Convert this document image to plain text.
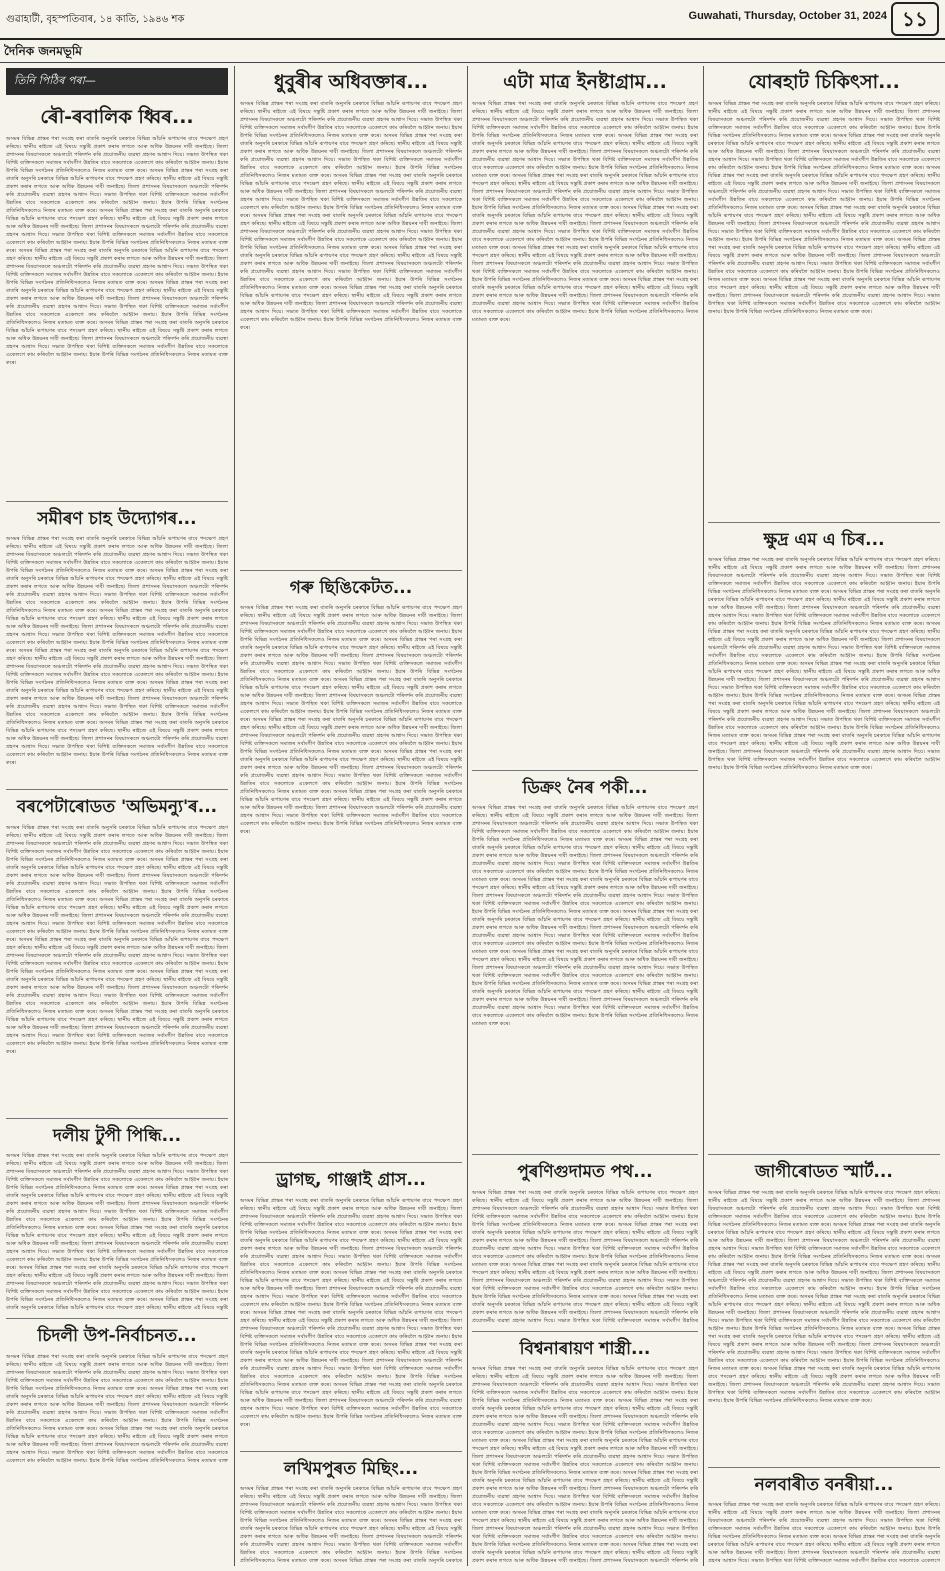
গুৱাহাটী, বৃহস্পতিবাৰ, ১৪ কাতি, ১৯৪৬ শক	Guwahati, Thursday, October 31, 2024 ১১
দৈনিক জনমভূমি
তিনি পিঠিৰ পৰা—
ৰৌ-ৰবালিক ধ্বিৰ...
অসমৰ বিভিন্ন প্ৰান্তৰ পৰা সংগ্ৰহ কৰা বাতৰি অনুসৰি চৰকাৰে বিভিন্ন আঁচনি ৰূপায়ণৰ বাবে পদক্ষেপ গ্ৰহণ কৰিছে। স্থানীয় ৰাইজে এই বিষয়ে সন্তুষ্টি প্ৰকাশ কৰাৰ লগতে আৰু অধিক উন্নয়নৰ দাবী জনাইছে। জিলা প্ৰশাসনৰ বিষয়াসকলে অঞ্চলটো পৰিদৰ্শন কৰি প্ৰয়োজনীয় ব্যৱস্থা গ্ৰহণৰ আশ্বাস দিয়ে। সভাত উপস্থিত থকা বিশিষ্ট ব্যক্তিসকলে সমাজৰ সৰ্বাংগীণ উন্নতিৰ বাবে সকলোকে একেলগে কাম কৰিবলৈ আহ্বান জনায়। ইয়াৰ উপৰি বিভিন্ন সংগঠনৰ প্ৰতিনিধিসকলেও নিজৰ মতামত ব্যক্ত কৰে। অসমৰ বিভিন্ন প্ৰান্তৰ পৰা সংগ্ৰহ কৰা বাতৰি অনুসৰি চৰকাৰে বিভিন্ন আঁচনি ৰূপায়ণৰ বাবে পদক্ষেপ গ্ৰহণ কৰিছে। স্থানীয় ৰাইজে এই বিষয়ে সন্তুষ্টি প্ৰকাশ কৰাৰ লগতে আৰু অধিক উন্নয়নৰ দাবী জনাইছে। জিলা প্ৰশাসনৰ বিষয়াসকলে অঞ্চলটো পৰিদৰ্শন কৰি প্ৰয়োজনীয় ব্যৱস্থা গ্ৰহণৰ আশ্বাস দিয়ে। সভাত উপস্থিত থকা বিশিষ্ট ব্যক্তিসকলে সমাজৰ সৰ্বাংগীণ উন্নতিৰ বাবে সকলোকে একেলগে কাম কৰিবলৈ আহ্বান জনায়। ইয়াৰ উপৰি বিভিন্ন সংগঠনৰ প্ৰতিনিধিসকলেও নিজৰ মতামত ব্যক্ত কৰে। অসমৰ বিভিন্ন প্ৰান্তৰ পৰা সংগ্ৰহ কৰা বাতৰি অনুসৰি চৰকাৰে বিভিন্ন আঁচনি ৰূপায়ণৰ বাবে পদক্ষেপ গ্ৰহণ কৰিছে। স্থানীয় ৰাইজে এই বিষয়ে সন্তুষ্টি প্ৰকাশ কৰাৰ লগতে আৰু অধিক উন্নয়নৰ দাবী জনাইছে। জিলা প্ৰশাসনৰ বিষয়াসকলে অঞ্চলটো পৰিদৰ্শন কৰি প্ৰয়োজনীয় ব্যৱস্থা গ্ৰহণৰ আশ্বাস দিয়ে। সভাত উপস্থিত থকা বিশিষ্ট ব্যক্তিসকলে সমাজৰ সৰ্বাংগীণ উন্নতিৰ বাবে সকলোকে একেলগে কাম কৰিবলৈ আহ্বান জনায়। ইয়াৰ উপৰি বিভিন্ন সংগঠনৰ প্ৰতিনিধিসকলেও নিজৰ মতামত ব্যক্ত কৰে। অসমৰ বিভিন্ন প্ৰান্তৰ পৰা সংগ্ৰহ কৰা বাতৰি অনুসৰি চৰকাৰে বিভিন্ন আঁচনি ৰূপায়ণৰ বাবে পদক্ষেপ গ্ৰহণ কৰিছে। স্থানীয় ৰাইজে এই বিষয়ে সন্তুষ্টি প্ৰকাশ কৰাৰ লগতে আৰু অধিক উন্নয়নৰ দাবী জনাইছে। জিলা প্ৰশাসনৰ বিষয়াসকলে অঞ্চলটো পৰিদৰ্শন কৰি প্ৰয়োজনীয় ব্যৱস্থা গ্ৰহণৰ আশ্বাস দিয়ে। সভাত উপস্থিত থকা বিশিষ্ট ব্যক্তিসকলে সমাজৰ সৰ্বাংগীণ উন্নতিৰ বাবে সকলোকে একেলগে কাম কৰিবলৈ আহ্বান জনায়। ইয়াৰ উপৰি বিভিন্ন সংগঠনৰ প্ৰতিনিধিসকলেও নিজৰ মতামত ব্যক্ত কৰে। অসমৰ বিভিন্ন প্ৰান্তৰ পৰা সংগ্ৰহ কৰা বাতৰি অনুসৰি চৰকাৰে বিভিন্ন আঁচনি ৰূপায়ণৰ বাবে পদক্ষেপ গ্ৰহণ কৰিছে। স্থানীয় ৰাইজে এই বিষয়ে সন্তুষ্টি প্ৰকাশ কৰাৰ লগতে আৰু অধিক উন্নয়নৰ দাবী জনাইছে। জিলা প্ৰশাসনৰ বিষয়াসকলে অঞ্চলটো পৰিদৰ্শন কৰি প্ৰয়োজনীয় ব্যৱস্থা গ্ৰহণৰ আশ্বাস দিয়ে। সভাত উপস্থিত থকা বিশিষ্ট ব্যক্তিসকলে সমাজৰ সৰ্বাংগীণ উন্নতিৰ বাবে সকলোকে একেলগে কাম কৰিবলৈ আহ্বান জনায়। ইয়াৰ উপৰি বিভিন্ন সংগঠনৰ প্ৰতিনিধিসকলেও নিজৰ মতামত ব্যক্ত কৰে। অসমৰ বিভিন্ন প্ৰান্তৰ পৰা সংগ্ৰহ কৰা বাতৰি অনুসৰি চৰকাৰে বিভিন্ন আঁচনি ৰূপায়ণৰ বাবে পদক্ষেপ গ্ৰহণ কৰিছে। স্থানীয় ৰাইজে এই বিষয়ে সন্তুষ্টি প্ৰকাশ কৰাৰ লগতে আৰু অধিক উন্নয়নৰ দাবী জনাইছে। জিলা প্ৰশাসনৰ বিষয়াসকলে অঞ্চলটো পৰিদৰ্শন কৰি প্ৰয়োজনীয় ব্যৱস্থা গ্ৰহণৰ আশ্বাস দিয়ে। সভাত উপস্থিত থকা বিশিষ্ট ব্যক্তিসকলে সমাজৰ সৰ্বাংগীণ উন্নতিৰ বাবে সকলোকে একেলগে কাম কৰিবলৈ আহ্বান জনায়। ইয়াৰ উপৰি বিভিন্ন সংগঠনৰ প্ৰতিনিধিসকলেও নিজৰ মতামত ব্যক্ত কৰে।
সমীৰণ চাহ উদ্যোগৰ...
অসমৰ বিভিন্ন প্ৰান্তৰ পৰা সংগ্ৰহ কৰা বাতৰি অনুসৰি চৰকাৰে বিভিন্ন আঁচনি ৰূপায়ণৰ বাবে পদক্ষেপ গ্ৰহণ কৰিছে। স্থানীয় ৰাইজে এই বিষয়ে সন্তুষ্টি প্ৰকাশ কৰাৰ লগতে আৰু অধিক উন্নয়নৰ দাবী জনাইছে। জিলা প্ৰশাসনৰ বিষয়াসকলে অঞ্চলটো পৰিদৰ্শন কৰি প্ৰয়োজনীয় ব্যৱস্থা গ্ৰহণৰ আশ্বাস দিয়ে। সভাত উপস্থিত থকা বিশিষ্ট ব্যক্তিসকলে সমাজৰ সৰ্বাংগীণ উন্নতিৰ বাবে সকলোকে একেলগে কাম কৰিবলৈ আহ্বান জনায়। ইয়াৰ উপৰি বিভিন্ন সংগঠনৰ প্ৰতিনিধিসকলেও নিজৰ মতামত ব্যক্ত কৰে। অসমৰ বিভিন্ন প্ৰান্তৰ পৰা সংগ্ৰহ কৰা বাতৰি অনুসৰি চৰকাৰে বিভিন্ন আঁচনি ৰূপায়ণৰ বাবে পদক্ষেপ গ্ৰহণ কৰিছে। স্থানীয় ৰাইজে এই বিষয়ে সন্তুষ্টি প্ৰকাশ কৰাৰ লগতে আৰু অধিক উন্নয়নৰ দাবী জনাইছে। জিলা প্ৰশাসনৰ বিষয়াসকলে অঞ্চলটো পৰিদৰ্শন কৰি প্ৰয়োজনীয় ব্যৱস্থা গ্ৰহণৰ আশ্বাস দিয়ে। সভাত উপস্থিত থকা বিশিষ্ট ব্যক্তিসকলে সমাজৰ সৰ্বাংগীণ উন্নতিৰ বাবে সকলোকে একেলগে কাম কৰিবলৈ আহ্বান জনায়। ইয়াৰ উপৰি বিভিন্ন সংগঠনৰ প্ৰতিনিধিসকলেও নিজৰ মতামত ব্যক্ত কৰে। অসমৰ বিভিন্ন প্ৰান্তৰ পৰা সংগ্ৰহ কৰা বাতৰি অনুসৰি চৰকাৰে বিভিন্ন আঁচনি ৰূপায়ণৰ বাবে পদক্ষেপ গ্ৰহণ কৰিছে। স্থানীয় ৰাইজে এই বিষয়ে সন্তুষ্টি প্ৰকাশ কৰাৰ লগতে আৰু অধিক উন্নয়নৰ দাবী জনাইছে। জিলা প্ৰশাসনৰ বিষয়াসকলে অঞ্চলটো পৰিদৰ্শন কৰি প্ৰয়োজনীয় ব্যৱস্থা গ্ৰহণৰ আশ্বাস দিয়ে। সভাত উপস্থিত থকা বিশিষ্ট ব্যক্তিসকলে সমাজৰ সৰ্বাংগীণ উন্নতিৰ বাবে সকলোকে একেলগে কাম কৰিবলৈ আহ্বান জনায়। ইয়াৰ উপৰি বিভিন্ন সংগঠনৰ প্ৰতিনিধিসকলেও নিজৰ মতামত ব্যক্ত কৰে। অসমৰ বিভিন্ন প্ৰান্তৰ পৰা সংগ্ৰহ কৰা বাতৰি অনুসৰি চৰকাৰে বিভিন্ন আঁচনি ৰূপায়ণৰ বাবে পদক্ষেপ গ্ৰহণ কৰিছে। স্থানীয় ৰাইজে এই বিষয়ে সন্তুষ্টি প্ৰকাশ কৰাৰ লগতে আৰু অধিক উন্নয়নৰ দাবী জনাইছে। জিলা প্ৰশাসনৰ বিষয়াসকলে অঞ্চলটো পৰিদৰ্শন কৰি প্ৰয়োজনীয় ব্যৱস্থা গ্ৰহণৰ আশ্বাস দিয়ে। সভাত উপস্থিত থকা বিশিষ্ট ব্যক্তিসকলে সমাজৰ সৰ্বাংগীণ উন্নতিৰ বাবে সকলোকে একেলগে কাম কৰিবলৈ আহ্বান জনায়। ইয়াৰ উপৰি বিভিন্ন সংগঠনৰ প্ৰতিনিধিসকলেও নিজৰ মতামত ব্যক্ত কৰে। অসমৰ বিভিন্ন প্ৰান্তৰ পৰা সংগ্ৰহ কৰা বাতৰি অনুসৰি চৰকাৰে বিভিন্ন আঁচনি ৰূপায়ণৰ বাবে পদক্ষেপ গ্ৰহণ কৰিছে। স্থানীয় ৰাইজে এই বিষয়ে সন্তুষ্টি প্ৰকাশ কৰাৰ লগতে আৰু অধিক উন্নয়নৰ দাবী জনাইছে। জিলা প্ৰশাসনৰ বিষয়াসকলে অঞ্চলটো পৰিদৰ্শন কৰি প্ৰয়োজনীয় ব্যৱস্থা গ্ৰহণৰ আশ্বাস দিয়ে। সভাত উপস্থিত থকা বিশিষ্ট ব্যক্তিসকলে সমাজৰ সৰ্বাংগীণ উন্নতিৰ বাবে সকলোকে একেলগে কাম কৰিবলৈ আহ্বান জনায়। ইয়াৰ উপৰি বিভিন্ন সংগঠনৰ প্ৰতিনিধিসকলেও নিজৰ মতামত ব্যক্ত কৰে। অসমৰ বিভিন্ন প্ৰান্তৰ পৰা সংগ্ৰহ কৰা বাতৰি অনুসৰি চৰকাৰে বিভিন্ন আঁচনি ৰূপায়ণৰ বাবে পদক্ষেপ গ্ৰহণ কৰিছে। স্থানীয় ৰাইজে এই বিষয়ে সন্তুষ্টি প্ৰকাশ কৰাৰ লগতে আৰু অধিক উন্নয়নৰ দাবী জনাইছে। জিলা প্ৰশাসনৰ বিষয়াসকলে অঞ্চলটো পৰিদৰ্শন কৰি প্ৰয়োজনীয় ব্যৱস্থা গ্ৰহণৰ আশ্বাস দিয়ে। সভাত উপস্থিত থকা বিশিষ্ট ব্যক্তিসকলে সমাজৰ সৰ্বাংগীণ উন্নতিৰ বাবে সকলোকে একেলগে কাম কৰিবলৈ আহ্বান জনায়। ইয়াৰ উপৰি বিভিন্ন সংগঠনৰ প্ৰতিনিধিসকলেও নিজৰ মতামত ব্যক্ত কৰে।
বৰপেটাৰোডত 'অভিমন্যু'ৰ...
অসমৰ বিভিন্ন প্ৰান্তৰ পৰা সংগ্ৰহ কৰা বাতৰি অনুসৰি চৰকাৰে বিভিন্ন আঁচনি ৰূপায়ণৰ বাবে পদক্ষেপ গ্ৰহণ কৰিছে। স্থানীয় ৰাইজে এই বিষয়ে সন্তুষ্টি প্ৰকাশ কৰাৰ লগতে আৰু অধিক উন্নয়নৰ দাবী জনাইছে। জিলা প্ৰশাসনৰ বিষয়াসকলে অঞ্চলটো পৰিদৰ্শন কৰি প্ৰয়োজনীয় ব্যৱস্থা গ্ৰহণৰ আশ্বাস দিয়ে। সভাত উপস্থিত থকা বিশিষ্ট ব্যক্তিসকলে সমাজৰ সৰ্বাংগীণ উন্নতিৰ বাবে সকলোকে একেলগে কাম কৰিবলৈ আহ্বান জনায়। ইয়াৰ উপৰি বিভিন্ন সংগঠনৰ প্ৰতিনিধিসকলেও নিজৰ মতামত ব্যক্ত কৰে। অসমৰ বিভিন্ন প্ৰান্তৰ পৰা সংগ্ৰহ কৰা বাতৰি অনুসৰি চৰকাৰে বিভিন্ন আঁচনি ৰূপায়ণৰ বাবে পদক্ষেপ গ্ৰহণ কৰিছে। স্থানীয় ৰাইজে এই বিষয়ে সন্তুষ্টি প্ৰকাশ কৰাৰ লগতে আৰু অধিক উন্নয়নৰ দাবী জনাইছে। জিলা প্ৰশাসনৰ বিষয়াসকলে অঞ্চলটো পৰিদৰ্শন কৰি প্ৰয়োজনীয় ব্যৱস্থা গ্ৰহণৰ আশ্বাস দিয়ে। সভাত উপস্থিত থকা বিশিষ্ট ব্যক্তিসকলে সমাজৰ সৰ্বাংগীণ উন্নতিৰ বাবে সকলোকে একেলগে কাম কৰিবলৈ আহ্বান জনায়। ইয়াৰ উপৰি বিভিন্ন সংগঠনৰ প্ৰতিনিধিসকলেও নিজৰ মতামত ব্যক্ত কৰে। অসমৰ বিভিন্ন প্ৰান্তৰ পৰা সংগ্ৰহ কৰা বাতৰি অনুসৰি চৰকাৰে বিভিন্ন আঁচনি ৰূপায়ণৰ বাবে পদক্ষেপ গ্ৰহণ কৰিছে। স্থানীয় ৰাইজে এই বিষয়ে সন্তুষ্টি প্ৰকাশ কৰাৰ লগতে আৰু অধিক উন্নয়নৰ দাবী জনাইছে। জিলা প্ৰশাসনৰ বিষয়াসকলে অঞ্চলটো পৰিদৰ্শন কৰি প্ৰয়োজনীয় ব্যৱস্থা গ্ৰহণৰ আশ্বাস দিয়ে। সভাত উপস্থিত থকা বিশিষ্ট ব্যক্তিসকলে সমাজৰ সৰ্বাংগীণ উন্নতিৰ বাবে সকলোকে একেলগে কাম কৰিবলৈ আহ্বান জনায়। ইয়াৰ উপৰি বিভিন্ন সংগঠনৰ প্ৰতিনিধিসকলেও নিজৰ মতামত ব্যক্ত কৰে। অসমৰ বিভিন্ন প্ৰান্তৰ পৰা সংগ্ৰহ কৰা বাতৰি অনুসৰি চৰকাৰে বিভিন্ন আঁচনি ৰূপায়ণৰ বাবে পদক্ষেপ গ্ৰহণ কৰিছে। স্থানীয় ৰাইজে এই বিষয়ে সন্তুষ্টি প্ৰকাশ কৰাৰ লগতে আৰু অধিক উন্নয়নৰ দাবী জনাইছে। জিলা প্ৰশাসনৰ বিষয়াসকলে অঞ্চলটো পৰিদৰ্শন কৰি প্ৰয়োজনীয় ব্যৱস্থা গ্ৰহণৰ আশ্বাস দিয়ে। সভাত উপস্থিত থকা বিশিষ্ট ব্যক্তিসকলে সমাজৰ সৰ্বাংগীণ উন্নতিৰ বাবে সকলোকে একেলগে কাম কৰিবলৈ আহ্বান জনায়। ইয়াৰ উপৰি বিভিন্ন সংগঠনৰ প্ৰতিনিধিসকলেও নিজৰ মতামত ব্যক্ত কৰে। অসমৰ বিভিন্ন প্ৰান্তৰ পৰা সংগ্ৰহ কৰা বাতৰি অনুসৰি চৰকাৰে বিভিন্ন আঁচনি ৰূপায়ণৰ বাবে পদক্ষেপ গ্ৰহণ কৰিছে। স্থানীয় ৰাইজে এই বিষয়ে সন্তুষ্টি প্ৰকাশ কৰাৰ লগতে আৰু অধিক উন্নয়নৰ দাবী জনাইছে। জিলা প্ৰশাসনৰ বিষয়াসকলে অঞ্চলটো পৰিদৰ্শন কৰি প্ৰয়োজনীয় ব্যৱস্থা গ্ৰহণৰ আশ্বাস দিয়ে। সভাত উপস্থিত থকা বিশিষ্ট ব্যক্তিসকলে সমাজৰ সৰ্বাংগীণ উন্নতিৰ বাবে সকলোকে একেলগে কাম কৰিবলৈ আহ্বান জনায়। ইয়াৰ উপৰি বিভিন্ন সংগঠনৰ প্ৰতিনিধিসকলেও নিজৰ মতামত ব্যক্ত কৰে। অসমৰ বিভিন্ন প্ৰান্তৰ পৰা সংগ্ৰহ কৰা বাতৰি অনুসৰি চৰকাৰে বিভিন্ন আঁচনি ৰূপায়ণৰ বাবে পদক্ষেপ গ্ৰহণ কৰিছে। স্থানীয় ৰাইজে এই বিষয়ে সন্তুষ্টি প্ৰকাশ কৰাৰ লগতে আৰু অধিক উন্নয়নৰ দাবী জনাইছে। জিলা প্ৰশাসনৰ বিষয়াসকলে অঞ্চলটো পৰিদৰ্শন কৰি প্ৰয়োজনীয় ব্যৱস্থা গ্ৰহণৰ আশ্বাস দিয়ে। সভাত উপস্থিত থকা বিশিষ্ট ব্যক্তিসকলে সমাজৰ সৰ্বাংগীণ উন্নতিৰ বাবে সকলোকে একেলগে কাম কৰিবলৈ আহ্বান জনায়। ইয়াৰ উপৰি বিভিন্ন সংগঠনৰ প্ৰতিনিধিসকলেও নিজৰ মতামত ব্যক্ত কৰে।
দলীয় টুপী পিন্ধি...
অসমৰ বিভিন্ন প্ৰান্তৰ পৰা সংগ্ৰহ কৰা বাতৰি অনুসৰি চৰকাৰে বিভিন্ন আঁচনি ৰূপায়ণৰ বাবে পদক্ষেপ গ্ৰহণ কৰিছে। স্থানীয় ৰাইজে এই বিষয়ে সন্তুষ্টি প্ৰকাশ কৰাৰ লগতে আৰু অধিক উন্নয়নৰ দাবী জনাইছে। জিলা প্ৰশাসনৰ বিষয়াসকলে অঞ্চলটো পৰিদৰ্শন কৰি প্ৰয়োজনীয় ব্যৱস্থা গ্ৰহণৰ আশ্বাস দিয়ে। সভাত উপস্থিত থকা বিশিষ্ট ব্যক্তিসকলে সমাজৰ সৰ্বাংগীণ উন্নতিৰ বাবে সকলোকে একেলগে কাম কৰিবলৈ আহ্বান জনায়। ইয়াৰ উপৰি বিভিন্ন সংগঠনৰ প্ৰতিনিধিসকলেও নিজৰ মতামত ব্যক্ত কৰে। অসমৰ বিভিন্ন প্ৰান্তৰ পৰা সংগ্ৰহ কৰা বাতৰি অনুসৰি চৰকাৰে বিভিন্ন আঁচনি ৰূপায়ণৰ বাবে পদক্ষেপ গ্ৰহণ কৰিছে। স্থানীয় ৰাইজে এই বিষয়ে সন্তুষ্টি প্ৰকাশ কৰাৰ লগতে আৰু অধিক উন্নয়নৰ দাবী জনাইছে। জিলা প্ৰশাসনৰ বিষয়াসকলে অঞ্চলটো পৰিদৰ্শন কৰি প্ৰয়োজনীয় ব্যৱস্থা গ্ৰহণৰ আশ্বাস দিয়ে। সভাত উপস্থিত থকা বিশিষ্ট ব্যক্তিসকলে সমাজৰ সৰ্বাংগীণ উন্নতিৰ বাবে সকলোকে একেলগে কাম কৰিবলৈ আহ্বান জনায়। ইয়াৰ উপৰি বিভিন্ন সংগঠনৰ প্ৰতিনিধিসকলেও নিজৰ মতামত ব্যক্ত কৰে। অসমৰ বিভিন্ন প্ৰান্তৰ পৰা সংগ্ৰহ কৰা বাতৰি অনুসৰি চৰকাৰে বিভিন্ন আঁচনি ৰূপায়ণৰ বাবে পদক্ষেপ গ্ৰহণ কৰিছে। স্থানীয় ৰাইজে এই বিষয়ে সন্তুষ্টি প্ৰকাশ কৰাৰ লগতে আৰু অধিক উন্নয়নৰ দাবী জনাইছে। জিলা প্ৰশাসনৰ বিষয়াসকলে অঞ্চলটো পৰিদৰ্শন কৰি প্ৰয়োজনীয় ব্যৱস্থা গ্ৰহণৰ আশ্বাস দিয়ে। সভাত উপস্থিত থকা বিশিষ্ট ব্যক্তিসকলে সমাজৰ সৰ্বাংগীণ উন্নতিৰ বাবে সকলোকে একেলগে কাম কৰিবলৈ আহ্বান জনায়। ইয়াৰ উপৰি বিভিন্ন সংগঠনৰ প্ৰতিনিধিসকলেও নিজৰ মতামত ব্যক্ত কৰে। অসমৰ বিভিন্ন প্ৰান্তৰ পৰা সংগ্ৰহ কৰা বাতৰি অনুসৰি চৰকাৰে বিভিন্ন আঁচনি ৰূপায়ণৰ বাবে পদক্ষেপ গ্ৰহণ কৰিছে। স্থানীয় ৰাইজে এই বিষয়ে সন্তুষ্টি প্ৰকাশ কৰাৰ লগতে আৰু অধিক উন্নয়নৰ দাবী জনাইছে। জিলা প্ৰশাসনৰ বিষয়াসকলে অঞ্চলটো পৰিদৰ্শন কৰি প্ৰয়োজনীয় ব্যৱস্থা গ্ৰহণৰ আশ্বাস দিয়ে। সভাত উপস্থিত থকা বিশিষ্ট ব্যক্তিসকলে সমাজৰ সৰ্বাংগীণ উন্নতিৰ বাবে সকলোকে একেলগে কাম কৰিবলৈ আহ্বান জনায়। ইয়াৰ উপৰি বিভিন্ন সংগঠনৰ প্ৰতিনিধিসকলেও নিজৰ মতামত ব্যক্ত কৰে। অসমৰ বিভিন্ন প্ৰান্তৰ পৰা সংগ্ৰহ কৰা বাতৰি অনুসৰি চৰকাৰে বিভিন্ন আঁচনি ৰূপায়ণৰ বাবে পদক্ষেপ গ্ৰহণ কৰিছে। স্থানীয় ৰাইজে এই বিষয়ে সন্তুষ্টি
চিদলী উপ-নিৰ্বাচনত...
অসমৰ বিভিন্ন প্ৰান্তৰ পৰা সংগ্ৰহ কৰা বাতৰি অনুসৰি চৰকাৰে বিভিন্ন আঁচনি ৰূপায়ণৰ বাবে পদক্ষেপ গ্ৰহণ কৰিছে। স্থানীয় ৰাইজে এই বিষয়ে সন্তুষ্টি প্ৰকাশ কৰাৰ লগতে আৰু অধিক উন্নয়নৰ দাবী জনাইছে। জিলা প্ৰশাসনৰ বিষয়াসকলে অঞ্চলটো পৰিদৰ্শন কৰি প্ৰয়োজনীয় ব্যৱস্থা গ্ৰহণৰ আশ্বাস দিয়ে। সভাত উপস্থিত থকা বিশিষ্ট ব্যক্তিসকলে সমাজৰ সৰ্বাংগীণ উন্নতিৰ বাবে সকলোকে একেলগে কাম কৰিবলৈ আহ্বান জনায়। ইয়াৰ উপৰি বিভিন্ন সংগঠনৰ প্ৰতিনিধিসকলেও নিজৰ মতামত ব্যক্ত কৰে। অসমৰ বিভিন্ন প্ৰান্তৰ পৰা সংগ্ৰহ কৰা বাতৰি অনুসৰি চৰকাৰে বিভিন্ন আঁচনি ৰূপায়ণৰ বাবে পদক্ষেপ গ্ৰহণ কৰিছে। স্থানীয় ৰাইজে এই বিষয়ে সন্তুষ্টি প্ৰকাশ কৰাৰ লগতে আৰু অধিক উন্নয়নৰ দাবী জনাইছে। জিলা প্ৰশাসনৰ বিষয়াসকলে অঞ্চলটো পৰিদৰ্শন কৰি প্ৰয়োজনীয় ব্যৱস্থা গ্ৰহণৰ আশ্বাস দিয়ে। সভাত উপস্থিত থকা বিশিষ্ট ব্যক্তিসকলে সমাজৰ সৰ্বাংগীণ উন্নতিৰ বাবে সকলোকে একেলগে কাম কৰিবলৈ আহ্বান জনায়। ইয়াৰ উপৰি বিভিন্ন সংগঠনৰ প্ৰতিনিধিসকলেও নিজৰ মতামত ব্যক্ত কৰে। অসমৰ বিভিন্ন প্ৰান্তৰ পৰা সংগ্ৰহ কৰা বাতৰি অনুসৰি চৰকাৰে বিভিন্ন আঁচনি ৰূপায়ণৰ বাবে পদক্ষেপ গ্ৰহণ কৰিছে। স্থানীয় ৰাইজে এই বিষয়ে সন্তুষ্টি প্ৰকাশ কৰাৰ লগতে আৰু অধিক উন্নয়নৰ দাবী জনাইছে। জিলা প্ৰশাসনৰ বিষয়াসকলে অঞ্চলটো পৰিদৰ্শন কৰি প্ৰয়োজনীয় ব্যৱস্থা গ্ৰহণৰ আশ্বাস দিয়ে। সভাত উপস্থিত থকা বিশিষ্ট ব্যক্তিসকলে সমাজৰ সৰ্বাংগীণ উন্নতিৰ বাবে সকলোকে একেলগে কাম কৰিবলৈ আহ্বান জনায়। ইয়াৰ উপৰি বিভিন্ন সংগঠনৰ প্ৰতিনিধিসকলেও নিজৰ মতামত ব্যক্ত
ধুবুৰীৰ অধিবক্তাৰ...
অসমৰ বিভিন্ন প্ৰান্তৰ পৰা সংগ্ৰহ কৰা বাতৰি অনুসৰি চৰকাৰে বিভিন্ন আঁচনি ৰূপায়ণৰ বাবে পদক্ষেপ গ্ৰহণ কৰিছে। স্থানীয় ৰাইজে এই বিষয়ে সন্তুষ্টি প্ৰকাশ কৰাৰ লগতে আৰু অধিক উন্নয়নৰ দাবী জনাইছে। জিলা প্ৰশাসনৰ বিষয়াসকলে অঞ্চলটো পৰিদৰ্শন কৰি প্ৰয়োজনীয় ব্যৱস্থা গ্ৰহণৰ আশ্বাস দিয়ে। সভাত উপস্থিত থকা বিশিষ্ট ব্যক্তিসকলে সমাজৰ সৰ্বাংগীণ উন্নতিৰ বাবে সকলোকে একেলগে কাম কৰিবলৈ আহ্বান জনায়। ইয়াৰ উপৰি বিভিন্ন সংগঠনৰ প্ৰতিনিধিসকলেও নিজৰ মতামত ব্যক্ত কৰে। অসমৰ বিভিন্ন প্ৰান্তৰ পৰা সংগ্ৰহ কৰা বাতৰি অনুসৰি চৰকাৰে বিভিন্ন আঁচনি ৰূপায়ণৰ বাবে পদক্ষেপ গ্ৰহণ কৰিছে। স্থানীয় ৰাইজে এই বিষয়ে সন্তুষ্টি প্ৰকাশ কৰাৰ লগতে আৰু অধিক উন্নয়নৰ দাবী জনাইছে। জিলা প্ৰশাসনৰ বিষয়াসকলে অঞ্চলটো পৰিদৰ্শন কৰি প্ৰয়োজনীয় ব্যৱস্থা গ্ৰহণৰ আশ্বাস দিয়ে। সভাত উপস্থিত থকা বিশিষ্ট ব্যক্তিসকলে সমাজৰ সৰ্বাংগীণ উন্নতিৰ বাবে সকলোকে একেলগে কাম কৰিবলৈ আহ্বান জনায়। ইয়াৰ উপৰি বিভিন্ন সংগঠনৰ প্ৰতিনিধিসকলেও নিজৰ মতামত ব্যক্ত কৰে। অসমৰ বিভিন্ন প্ৰান্তৰ পৰা সংগ্ৰহ কৰা বাতৰি অনুসৰি চৰকাৰে বিভিন্ন আঁচনি ৰূপায়ণৰ বাবে পদক্ষেপ গ্ৰহণ কৰিছে। স্থানীয় ৰাইজে এই বিষয়ে সন্তুষ্টি প্ৰকাশ কৰাৰ লগতে আৰু অধিক উন্নয়নৰ দাবী জনাইছে। জিলা প্ৰশাসনৰ বিষয়াসকলে অঞ্চলটো পৰিদৰ্শন কৰি প্ৰয়োজনীয় ব্যৱস্থা গ্ৰহণৰ আশ্বাস দিয়ে। সভাত উপস্থিত থকা বিশিষ্ট ব্যক্তিসকলে সমাজৰ সৰ্বাংগীণ উন্নতিৰ বাবে সকলোকে একেলগে কাম কৰিবলৈ আহ্বান জনায়। ইয়াৰ উপৰি বিভিন্ন সংগঠনৰ প্ৰতিনিধিসকলেও নিজৰ মতামত ব্যক্ত কৰে। অসমৰ বিভিন্ন প্ৰান্তৰ পৰা সংগ্ৰহ কৰা বাতৰি অনুসৰি চৰকাৰে বিভিন্ন আঁচনি ৰূপায়ণৰ বাবে পদক্ষেপ গ্ৰহণ কৰিছে। স্থানীয় ৰাইজে এই বিষয়ে সন্তুষ্টি প্ৰকাশ কৰাৰ লগতে আৰু অধিক উন্নয়নৰ দাবী জনাইছে। জিলা প্ৰশাসনৰ বিষয়াসকলে অঞ্চলটো পৰিদৰ্শন কৰি প্ৰয়োজনীয় ব্যৱস্থা গ্ৰহণৰ আশ্বাস দিয়ে। সভাত উপস্থিত থকা বিশিষ্ট ব্যক্তিসকলে সমাজৰ সৰ্বাংগীণ উন্নতিৰ বাবে সকলোকে একেলগে কাম কৰিবলৈ আহ্বান জনায়। ইয়াৰ উপৰি বিভিন্ন সংগঠনৰ প্ৰতিনিধিসকলেও নিজৰ মতামত ব্যক্ত কৰে। অসমৰ বিভিন্ন প্ৰান্তৰ পৰা সংগ্ৰহ কৰা বাতৰি অনুসৰি চৰকাৰে বিভিন্ন আঁচনি ৰূপায়ণৰ বাবে পদক্ষেপ গ্ৰহণ কৰিছে। স্থানীয় ৰাইজে এই বিষয়ে সন্তুষ্টি প্ৰকাশ কৰাৰ লগতে আৰু অধিক উন্নয়নৰ দাবী জনাইছে। জিলা প্ৰশাসনৰ বিষয়াসকলে অঞ্চলটো পৰিদৰ্শন কৰি প্ৰয়োজনীয় ব্যৱস্থা গ্ৰহণৰ আশ্বাস দিয়ে। সভাত উপস্থিত থকা বিশিষ্ট ব্যক্তিসকলে সমাজৰ সৰ্বাংগীণ উন্নতিৰ বাবে সকলোকে একেলগে কাম কৰিবলৈ আহ্বান জনায়। ইয়াৰ উপৰি বিভিন্ন সংগঠনৰ প্ৰতিনিধিসকলেও নিজৰ মতামত ব্যক্ত কৰে। অসমৰ বিভিন্ন প্ৰান্তৰ পৰা সংগ্ৰহ কৰা বাতৰি অনুসৰি চৰকাৰে বিভিন্ন আঁচনি ৰূপায়ণৰ বাবে পদক্ষেপ গ্ৰহণ কৰিছে। স্থানীয় ৰাইজে এই বিষয়ে সন্তুষ্টি প্ৰকাশ কৰাৰ লগতে আৰু অধিক উন্নয়নৰ দাবী জনাইছে। জিলা প্ৰশাসনৰ বিষয়াসকলে অঞ্চলটো পৰিদৰ্শন কৰি প্ৰয়োজনীয় ব্যৱস্থা গ্ৰহণৰ আশ্বাস দিয়ে। সভাত উপস্থিত থকা বিশিষ্ট ব্যক্তিসকলে সমাজৰ সৰ্বাংগীণ উন্নতিৰ বাবে সকলোকে একেলগে কাম কৰিবলৈ আহ্বান জনায়। ইয়াৰ উপৰি বিভিন্ন সংগঠনৰ প্ৰতিনিধিসকলেও নিজৰ মতামত ব্যক্ত কৰে।
গৰু ছিঙিকেটত...
অসমৰ বিভিন্ন প্ৰান্তৰ পৰা সংগ্ৰহ কৰা বাতৰি অনুসৰি চৰকাৰে বিভিন্ন আঁচনি ৰূপায়ণৰ বাবে পদক্ষেপ গ্ৰহণ কৰিছে। স্থানীয় ৰাইজে এই বিষয়ে সন্তুষ্টি প্ৰকাশ কৰাৰ লগতে আৰু অধিক উন্নয়নৰ দাবী জনাইছে। জিলা প্ৰশাসনৰ বিষয়াসকলে অঞ্চলটো পৰিদৰ্শন কৰি প্ৰয়োজনীয় ব্যৱস্থা গ্ৰহণৰ আশ্বাস দিয়ে। সভাত উপস্থিত থকা বিশিষ্ট ব্যক্তিসকলে সমাজৰ সৰ্বাংগীণ উন্নতিৰ বাবে সকলোকে একেলগে কাম কৰিবলৈ আহ্বান জনায়। ইয়াৰ উপৰি বিভিন্ন সংগঠনৰ প্ৰতিনিধিসকলেও নিজৰ মতামত ব্যক্ত কৰে। অসমৰ বিভিন্ন প্ৰান্তৰ পৰা সংগ্ৰহ কৰা বাতৰি অনুসৰি চৰকাৰে বিভিন্ন আঁচনি ৰূপায়ণৰ বাবে পদক্ষেপ গ্ৰহণ কৰিছে। স্থানীয় ৰাইজে এই বিষয়ে সন্তুষ্টি প্ৰকাশ কৰাৰ লগতে আৰু অধিক উন্নয়নৰ দাবী জনাইছে। জিলা প্ৰশাসনৰ বিষয়াসকলে অঞ্চলটো পৰিদৰ্শন কৰি প্ৰয়োজনীয় ব্যৱস্থা গ্ৰহণৰ আশ্বাস দিয়ে। সভাত উপস্থিত থকা বিশিষ্ট ব্যক্তিসকলে সমাজৰ সৰ্বাংগীণ উন্নতিৰ বাবে সকলোকে একেলগে কাম কৰিবলৈ আহ্বান জনায়। ইয়াৰ উপৰি বিভিন্ন সংগঠনৰ প্ৰতিনিধিসকলেও নিজৰ মতামত ব্যক্ত কৰে। অসমৰ বিভিন্ন প্ৰান্তৰ পৰা সংগ্ৰহ কৰা বাতৰি অনুসৰি চৰকাৰে বিভিন্ন আঁচনি ৰূপায়ণৰ বাবে পদক্ষেপ গ্ৰহণ কৰিছে। স্থানীয় ৰাইজে এই বিষয়ে সন্তুষ্টি প্ৰকাশ কৰাৰ লগতে আৰু অধিক উন্নয়নৰ দাবী জনাইছে। জিলা প্ৰশাসনৰ বিষয়াসকলে অঞ্চলটো পৰিদৰ্শন কৰি প্ৰয়োজনীয় ব্যৱস্থা গ্ৰহণৰ আশ্বাস দিয়ে। সভাত উপস্থিত থকা বিশিষ্ট ব্যক্তিসকলে সমাজৰ সৰ্বাংগীণ উন্নতিৰ বাবে সকলোকে একেলগে কাম কৰিবলৈ আহ্বান জনায়। ইয়াৰ উপৰি বিভিন্ন সংগঠনৰ প্ৰতিনিধিসকলেও নিজৰ মতামত ব্যক্ত কৰে। অসমৰ বিভিন্ন প্ৰান্তৰ পৰা সংগ্ৰহ কৰা বাতৰি অনুসৰি চৰকাৰে বিভিন্ন আঁচনি ৰূপায়ণৰ বাবে পদক্ষেপ গ্ৰহণ কৰিছে। স্থানীয় ৰাইজে এই বিষয়ে সন্তুষ্টি প্ৰকাশ কৰাৰ লগতে আৰু অধিক উন্নয়নৰ দাবী জনাইছে। জিলা প্ৰশাসনৰ বিষয়াসকলে অঞ্চলটো পৰিদৰ্শন কৰি প্ৰয়োজনীয় ব্যৱস্থা গ্ৰহণৰ আশ্বাস দিয়ে। সভাত উপস্থিত থকা বিশিষ্ট ব্যক্তিসকলে সমাজৰ সৰ্বাংগীণ উন্নতিৰ বাবে সকলোকে একেলগে কাম কৰিবলৈ আহ্বান জনায়। ইয়াৰ উপৰি বিভিন্ন সংগঠনৰ প্ৰতিনিধিসকলেও নিজৰ মতামত ব্যক্ত কৰে। অসমৰ বিভিন্ন প্ৰান্তৰ পৰা সংগ্ৰহ কৰা বাতৰি অনুসৰি চৰকাৰে বিভিন্ন আঁচনি ৰূপায়ণৰ বাবে পদক্ষেপ গ্ৰহণ কৰিছে। স্থানীয় ৰাইজে এই বিষয়ে সন্তুষ্টি প্ৰকাশ কৰাৰ লগতে আৰু অধিক উন্নয়নৰ দাবী জনাইছে। জিলা প্ৰশাসনৰ বিষয়াসকলে অঞ্চলটো পৰিদৰ্শন কৰি প্ৰয়োজনীয় ব্যৱস্থা গ্ৰহণৰ আশ্বাস দিয়ে। সভাত উপস্থিত থকা বিশিষ্ট ব্যক্তিসকলে সমাজৰ সৰ্বাংগীণ উন্নতিৰ বাবে সকলোকে একেলগে কাম কৰিবলৈ আহ্বান জনায়। ইয়াৰ উপৰি বিভিন্ন সংগঠনৰ প্ৰতিনিধিসকলেও নিজৰ মতামত ব্যক্ত কৰে। অসমৰ বিভিন্ন প্ৰান্তৰ পৰা সংগ্ৰহ কৰা বাতৰি অনুসৰি চৰকাৰে বিভিন্ন আঁচনি ৰূপায়ণৰ বাবে পদক্ষেপ গ্ৰহণ কৰিছে। স্থানীয় ৰাইজে এই বিষয়ে সন্তুষ্টি প্ৰকাশ কৰাৰ লগতে আৰু অধিক উন্নয়নৰ দাবী জনাইছে। জিলা প্ৰশাসনৰ বিষয়াসকলে অঞ্চলটো পৰিদৰ্শন কৰি প্ৰয়োজনীয় ব্যৱস্থা গ্ৰহণৰ আশ্বাস দিয়ে। সভাত উপস্থিত থকা বিশিষ্ট ব্যক্তিসকলে সমাজৰ সৰ্বাংগীণ উন্নতিৰ বাবে সকলোকে একেলগে কাম কৰিবলৈ আহ্বান জনায়। ইয়াৰ উপৰি বিভিন্ন সংগঠনৰ প্ৰতিনিধিসকলেও নিজৰ মতামত ব্যক্ত কৰে।
ড্ৰাগছ, গাঞ্জাই গ্ৰাস...
অসমৰ বিভিন্ন প্ৰান্তৰ পৰা সংগ্ৰহ কৰা বাতৰি অনুসৰি চৰকাৰে বিভিন্ন আঁচনি ৰূপায়ণৰ বাবে পদক্ষেপ গ্ৰহণ কৰিছে। স্থানীয় ৰাইজে এই বিষয়ে সন্তুষ্টি প্ৰকাশ কৰাৰ লগতে আৰু অধিক উন্নয়নৰ দাবী জনাইছে। জিলা প্ৰশাসনৰ বিষয়াসকলে অঞ্চলটো পৰিদৰ্শন কৰি প্ৰয়োজনীয় ব্যৱস্থা গ্ৰহণৰ আশ্বাস দিয়ে। সভাত উপস্থিত থকা বিশিষ্ট ব্যক্তিসকলে সমাজৰ সৰ্বাংগীণ উন্নতিৰ বাবে সকলোকে একেলগে কাম কৰিবলৈ আহ্বান জনায়। ইয়াৰ উপৰি বিভিন্ন সংগঠনৰ প্ৰতিনিধিসকলেও নিজৰ মতামত ব্যক্ত কৰে। অসমৰ বিভিন্ন প্ৰান্তৰ পৰা সংগ্ৰহ কৰা বাতৰি অনুসৰি চৰকাৰে বিভিন্ন আঁচনি ৰূপায়ণৰ বাবে পদক্ষেপ গ্ৰহণ কৰিছে। স্থানীয় ৰাইজে এই বিষয়ে সন্তুষ্টি প্ৰকাশ কৰাৰ লগতে আৰু অধিক উন্নয়নৰ দাবী জনাইছে। জিলা প্ৰশাসনৰ বিষয়াসকলে অঞ্চলটো পৰিদৰ্শন কৰি প্ৰয়োজনীয় ব্যৱস্থা গ্ৰহণৰ আশ্বাস দিয়ে। সভাত উপস্থিত থকা বিশিষ্ট ব্যক্তিসকলে সমাজৰ সৰ্বাংগীণ উন্নতিৰ বাবে সকলোকে একেলগে কাম কৰিবলৈ আহ্বান জনায়। ইয়াৰ উপৰি বিভিন্ন সংগঠনৰ প্ৰতিনিধিসকলেও নিজৰ মতামত ব্যক্ত কৰে। অসমৰ বিভিন্ন প্ৰান্তৰ পৰা সংগ্ৰহ কৰা বাতৰি অনুসৰি চৰকাৰে বিভিন্ন আঁচনি ৰূপায়ণৰ বাবে পদক্ষেপ গ্ৰহণ কৰিছে। স্থানীয় ৰাইজে এই বিষয়ে সন্তুষ্টি প্ৰকাশ কৰাৰ লগতে আৰু অধিক উন্নয়নৰ দাবী জনাইছে। জিলা প্ৰশাসনৰ বিষয়াসকলে অঞ্চলটো পৰিদৰ্শন কৰি প্ৰয়োজনীয় ব্যৱস্থা গ্ৰহণৰ আশ্বাস দিয়ে। সভাত উপস্থিত থকা বিশিষ্ট ব্যক্তিসকলে সমাজৰ সৰ্বাংগীণ উন্নতিৰ বাবে সকলোকে একেলগে কাম কৰিবলৈ আহ্বান জনায়। ইয়াৰ উপৰি বিভিন্ন সংগঠনৰ প্ৰতিনিধিসকলেও নিজৰ মতামত ব্যক্ত কৰে। অসমৰ বিভিন্ন প্ৰান্তৰ পৰা সংগ্ৰহ কৰা বাতৰি অনুসৰি চৰকাৰে বিভিন্ন আঁচনি ৰূপায়ণৰ বাবে পদক্ষেপ গ্ৰহণ কৰিছে। স্থানীয় ৰাইজে এই বিষয়ে সন্তুষ্টি প্ৰকাশ কৰাৰ লগতে আৰু অধিক উন্নয়নৰ দাবী জনাইছে। জিলা প্ৰশাসনৰ বিষয়াসকলে অঞ্চলটো পৰিদৰ্শন কৰি প্ৰয়োজনীয় ব্যৱস্থা গ্ৰহণৰ আশ্বাস দিয়ে। সভাত উপস্থিত থকা বিশিষ্ট ব্যক্তিসকলে সমাজৰ সৰ্বাংগীণ উন্নতিৰ বাবে সকলোকে একেলগে কাম কৰিবলৈ আহ্বান জনায়। ইয়াৰ উপৰি বিভিন্ন সংগঠনৰ প্ৰতিনিধিসকলেও নিজৰ মতামত ব্যক্ত কৰে। অসমৰ বিভিন্ন প্ৰান্তৰ পৰা সংগ্ৰহ কৰা বাতৰি অনুসৰি চৰকাৰে বিভিন্ন আঁচনি ৰূপায়ণৰ বাবে পদক্ষেপ গ্ৰহণ কৰিছে। স্থানীয় ৰাইজে এই বিষয়ে সন্তুষ্টি প্ৰকাশ কৰাৰ লগতে আৰু অধিক উন্নয়নৰ দাবী জনাইছে। জিলা প্ৰশাসনৰ বিষয়াসকলে অঞ্চলটো পৰিদৰ্শন কৰি প্ৰয়োজনীয় ব্যৱস্থা গ্ৰহণৰ আশ্বাস দিয়ে। সভাত উপস্থিত থকা বিশিষ্ট ব্যক্তিসকলে সমাজৰ সৰ্বাংগীণ উন্নতিৰ বাবে সকলোকে একেলগে কাম কৰিবলৈ আহ্বান জনায়। ইয়াৰ উপৰি বিভিন্ন সংগঠনৰ প্ৰতিনিধিসকলেও নিজৰ মতামত ব্যক্ত কৰে। অসমৰ বিভিন্ন প্ৰান্তৰ পৰা সংগ্ৰহ কৰা বাতৰি অনুসৰি চৰকাৰে বিভিন্ন আঁচনি ৰূপায়ণৰ বাবে পদক্ষেপ গ্ৰহণ কৰিছে। স্থানীয় ৰাইজে এই বিষয়ে সন্তুষ্টি প্ৰকাশ কৰাৰ লগতে আৰু অধিক উন্নয়নৰ দাবী জনাইছে। জিলা প্ৰশাসনৰ বিষয়াসকলে অঞ্চলটো পৰিদৰ্শন কৰি প্ৰয়োজনীয় ব্যৱস্থা গ্ৰহণৰ আশ্বাস দিয়ে। সভাত উপস্থিত থকা বিশিষ্ট ব্যক্তিসকলে সমাজৰ সৰ্বাংগীণ উন্নতিৰ বাবে সকলোকে একেলগে কাম কৰিবলৈ আহ্বান জনায়। ইয়াৰ উপৰি বিভিন্ন সংগঠনৰ প্ৰতিনিধিসকলেও নিজৰ মতামত ব্যক্ত কৰে।
লখিমপুৰত মিছিং...
অসমৰ বিভিন্ন প্ৰান্তৰ পৰা সংগ্ৰহ কৰা বাতৰি অনুসৰি চৰকাৰে বিভিন্ন আঁচনি ৰূপায়ণৰ বাবে পদক্ষেপ গ্ৰহণ কৰিছে। স্থানীয় ৰাইজে এই বিষয়ে সন্তুষ্টি প্ৰকাশ কৰাৰ লগতে আৰু অধিক উন্নয়নৰ দাবী জনাইছে। জিলা প্ৰশাসনৰ বিষয়াসকলে অঞ্চলটো পৰিদৰ্শন কৰি প্ৰয়োজনীয় ব্যৱস্থা গ্ৰহণৰ আশ্বাস দিয়ে। সভাত উপস্থিত থকা বিশিষ্ট ব্যক্তিসকলে সমাজৰ সৰ্বাংগীণ উন্নতিৰ বাবে সকলোকে একেলগে কাম কৰিবলৈ আহ্বান জনায়। ইয়াৰ উপৰি বিভিন্ন সংগঠনৰ প্ৰতিনিধিসকলেও নিজৰ মতামত ব্যক্ত কৰে। অসমৰ বিভিন্ন প্ৰান্তৰ পৰা সংগ্ৰহ কৰা বাতৰি অনুসৰি চৰকাৰে বিভিন্ন আঁচনি ৰূপায়ণৰ বাবে পদক্ষেপ গ্ৰহণ কৰিছে। স্থানীয় ৰাইজে এই বিষয়ে সন্তুষ্টি প্ৰকাশ কৰাৰ লগতে আৰু অধিক উন্নয়নৰ দাবী জনাইছে। জিলা প্ৰশাসনৰ বিষয়াসকলে অঞ্চলটো পৰিদৰ্শন কৰি প্ৰয়োজনীয় ব্যৱস্থা গ্ৰহণৰ আশ্বাস দিয়ে। সভাত উপস্থিত থকা বিশিষ্ট ব্যক্তিসকলে সমাজৰ সৰ্বাংগীণ উন্নতিৰ বাবে সকলোকে একেলগে কাম কৰিবলৈ আহ্বান জনায়। ইয়াৰ উপৰি বিভিন্ন সংগঠনৰ প্ৰতিনিধিসকলেও নিজৰ মতামত ব্যক্ত কৰে। অসমৰ বিভিন্ন প্ৰান্তৰ পৰা সংগ্ৰহ কৰা বাতৰি অনুসৰি চৰকাৰে
এটা মাত্ৰ ইনষ্টাগ্ৰাম...
অসমৰ বিভিন্ন প্ৰান্তৰ পৰা সংগ্ৰহ কৰা বাতৰি অনুসৰি চৰকাৰে বিভিন্ন আঁচনি ৰূপায়ণৰ বাবে পদক্ষেপ গ্ৰহণ কৰিছে। স্থানীয় ৰাইজে এই বিষয়ে সন্তুষ্টি প্ৰকাশ কৰাৰ লগতে আৰু অধিক উন্নয়নৰ দাবী জনাইছে। জিলা প্ৰশাসনৰ বিষয়াসকলে অঞ্চলটো পৰিদৰ্শন কৰি প্ৰয়োজনীয় ব্যৱস্থা গ্ৰহণৰ আশ্বাস দিয়ে। সভাত উপস্থিত থকা বিশিষ্ট ব্যক্তিসকলে সমাজৰ সৰ্বাংগীণ উন্নতিৰ বাবে সকলোকে একেলগে কাম কৰিবলৈ আহ্বান জনায়। ইয়াৰ উপৰি বিভিন্ন সংগঠনৰ প্ৰতিনিধিসকলেও নিজৰ মতামত ব্যক্ত কৰে। অসমৰ বিভিন্ন প্ৰান্তৰ পৰা সংগ্ৰহ কৰা বাতৰি অনুসৰি চৰকাৰে বিভিন্ন আঁচনি ৰূপায়ণৰ বাবে পদক্ষেপ গ্ৰহণ কৰিছে। স্থানীয় ৰাইজে এই বিষয়ে সন্তুষ্টি প্ৰকাশ কৰাৰ লগতে আৰু অধিক উন্নয়নৰ দাবী জনাইছে। জিলা প্ৰশাসনৰ বিষয়াসকলে অঞ্চলটো পৰিদৰ্শন কৰি প্ৰয়োজনীয় ব্যৱস্থা গ্ৰহণৰ আশ্বাস দিয়ে। সভাত উপস্থিত থকা বিশিষ্ট ব্যক্তিসকলে সমাজৰ সৰ্বাংগীণ উন্নতিৰ বাবে সকলোকে একেলগে কাম কৰিবলৈ আহ্বান জনায়। ইয়াৰ উপৰি বিভিন্ন সংগঠনৰ প্ৰতিনিধিসকলেও নিজৰ মতামত ব্যক্ত কৰে। অসমৰ বিভিন্ন প্ৰান্তৰ পৰা সংগ্ৰহ কৰা বাতৰি অনুসৰি চৰকাৰে বিভিন্ন আঁচনি ৰূপায়ণৰ বাবে পদক্ষেপ গ্ৰহণ কৰিছে। স্থানীয় ৰাইজে এই বিষয়ে সন্তুষ্টি প্ৰকাশ কৰাৰ লগতে আৰু অধিক উন্নয়নৰ দাবী জনাইছে। জিলা প্ৰশাসনৰ বিষয়াসকলে অঞ্চলটো পৰিদৰ্শন কৰি প্ৰয়োজনীয় ব্যৱস্থা গ্ৰহণৰ আশ্বাস দিয়ে। সভাত উপস্থিত থকা বিশিষ্ট ব্যক্তিসকলে সমাজৰ সৰ্বাংগীণ উন্নতিৰ বাবে সকলোকে একেলগে কাম কৰিবলৈ আহ্বান জনায়। ইয়াৰ উপৰি বিভিন্ন সংগঠনৰ প্ৰতিনিধিসকলেও নিজৰ মতামত ব্যক্ত কৰে। অসমৰ বিভিন্ন প্ৰান্তৰ পৰা সংগ্ৰহ কৰা বাতৰি অনুসৰি চৰকাৰে বিভিন্ন আঁচনি ৰূপায়ণৰ বাবে পদক্ষেপ গ্ৰহণ কৰিছে। স্থানীয় ৰাইজে এই বিষয়ে সন্তুষ্টি প্ৰকাশ কৰাৰ লগতে আৰু অধিক উন্নয়নৰ দাবী জনাইছে। জিলা প্ৰশাসনৰ বিষয়াসকলে অঞ্চলটো পৰিদৰ্শন কৰি প্ৰয়োজনীয় ব্যৱস্থা গ্ৰহণৰ আশ্বাস দিয়ে। সভাত উপস্থিত থকা বিশিষ্ট ব্যক্তিসকলে সমাজৰ সৰ্বাংগীণ উন্নতিৰ বাবে সকলোকে একেলগে কাম কৰিবলৈ আহ্বান জনায়। ইয়াৰ উপৰি বিভিন্ন সংগঠনৰ প্ৰতিনিধিসকলেও নিজৰ মতামত ব্যক্ত কৰে। অসমৰ বিভিন্ন প্ৰান্তৰ পৰা সংগ্ৰহ কৰা বাতৰি অনুসৰি চৰকাৰে বিভিন্ন আঁচনি ৰূপায়ণৰ বাবে পদক্ষেপ গ্ৰহণ কৰিছে। স্থানীয় ৰাইজে এই বিষয়ে সন্তুষ্টি প্ৰকাশ কৰাৰ লগতে আৰু অধিক উন্নয়নৰ দাবী জনাইছে। জিলা প্ৰশাসনৰ বিষয়াসকলে অঞ্চলটো পৰিদৰ্শন কৰি প্ৰয়োজনীয় ব্যৱস্থা গ্ৰহণৰ আশ্বাস দিয়ে। সভাত উপস্থিত থকা বিশিষ্ট ব্যক্তিসকলে সমাজৰ সৰ্বাংগীণ উন্নতিৰ বাবে সকলোকে একেলগে কাম কৰিবলৈ আহ্বান জনায়। ইয়াৰ উপৰি বিভিন্ন সংগঠনৰ প্ৰতিনিধিসকলেও নিজৰ মতামত ব্যক্ত কৰে। অসমৰ বিভিন্ন প্ৰান্তৰ পৰা সংগ্ৰহ কৰা বাতৰি অনুসৰি চৰকাৰে বিভিন্ন আঁচনি ৰূপায়ণৰ বাবে পদক্ষেপ গ্ৰহণ কৰিছে। স্থানীয় ৰাইজে এই বিষয়ে সন্তুষ্টি প্ৰকাশ কৰাৰ লগতে আৰু অধিক উন্নয়নৰ দাবী জনাইছে। জিলা প্ৰশাসনৰ বিষয়াসকলে অঞ্চলটো পৰিদৰ্শন কৰি প্ৰয়োজনীয় ব্যৱস্থা গ্ৰহণৰ আশ্বাস দিয়ে। সভাত উপস্থিত থকা বিশিষ্ট ব্যক্তিসকলে সমাজৰ সৰ্বাংগীণ উন্নতিৰ বাবে সকলোকে একেলগে কাম কৰিবলৈ আহ্বান জনায়। ইয়াৰ উপৰি বিভিন্ন সংগঠনৰ প্ৰতিনিধিসকলেও নিজৰ মতামত ব্যক্ত কৰে।
ডিক্ৰং নৈৰ পকী...
অসমৰ বিভিন্ন প্ৰান্তৰ পৰা সংগ্ৰহ কৰা বাতৰি অনুসৰি চৰকাৰে বিভিন্ন আঁচনি ৰূপায়ণৰ বাবে পদক্ষেপ গ্ৰহণ কৰিছে। স্থানীয় ৰাইজে এই বিষয়ে সন্তুষ্টি প্ৰকাশ কৰাৰ লগতে আৰু অধিক উন্নয়নৰ দাবী জনাইছে। জিলা প্ৰশাসনৰ বিষয়াসকলে অঞ্চলটো পৰিদৰ্শন কৰি প্ৰয়োজনীয় ব্যৱস্থা গ্ৰহণৰ আশ্বাস দিয়ে। সভাত উপস্থিত থকা বিশিষ্ট ব্যক্তিসকলে সমাজৰ সৰ্বাংগীণ উন্নতিৰ বাবে সকলোকে একেলগে কাম কৰিবলৈ আহ্বান জনায়। ইয়াৰ উপৰি বিভিন্ন সংগঠনৰ প্ৰতিনিধিসকলেও নিজৰ মতামত ব্যক্ত কৰে। অসমৰ বিভিন্ন প্ৰান্তৰ পৰা সংগ্ৰহ কৰা বাতৰি অনুসৰি চৰকাৰে বিভিন্ন আঁচনি ৰূপায়ণৰ বাবে পদক্ষেপ গ্ৰহণ কৰিছে। স্থানীয় ৰাইজে এই বিষয়ে সন্তুষ্টি প্ৰকাশ কৰাৰ লগতে আৰু অধিক উন্নয়নৰ দাবী জনাইছে। জিলা প্ৰশাসনৰ বিষয়াসকলে অঞ্চলটো পৰিদৰ্শন কৰি প্ৰয়োজনীয় ব্যৱস্থা গ্ৰহণৰ আশ্বাস দিয়ে। সভাত উপস্থিত থকা বিশিষ্ট ব্যক্তিসকলে সমাজৰ সৰ্বাংগীণ উন্নতিৰ বাবে সকলোকে একেলগে কাম কৰিবলৈ আহ্বান জনায়। ইয়াৰ উপৰি বিভিন্ন সংগঠনৰ প্ৰতিনিধিসকলেও নিজৰ মতামত ব্যক্ত কৰে। অসমৰ বিভিন্ন প্ৰান্তৰ পৰা সংগ্ৰহ কৰা বাতৰি অনুসৰি চৰকাৰে বিভিন্ন আঁচনি ৰূপায়ণৰ বাবে পদক্ষেপ গ্ৰহণ কৰিছে। স্থানীয় ৰাইজে এই বিষয়ে সন্তুষ্টি প্ৰকাশ কৰাৰ লগতে আৰু অধিক উন্নয়নৰ দাবী জনাইছে। জিলা প্ৰশাসনৰ বিষয়াসকলে অঞ্চলটো পৰিদৰ্শন কৰি প্ৰয়োজনীয় ব্যৱস্থা গ্ৰহণৰ আশ্বাস দিয়ে। সভাত উপস্থিত থকা বিশিষ্ট ব্যক্তিসকলে সমাজৰ সৰ্বাংগীণ উন্নতিৰ বাবে সকলোকে একেলগে কাম কৰিবলৈ আহ্বান জনায়। ইয়াৰ উপৰি বিভিন্ন সংগঠনৰ প্ৰতিনিধিসকলেও নিজৰ মতামত ব্যক্ত কৰে। অসমৰ বিভিন্ন প্ৰান্তৰ পৰা সংগ্ৰহ কৰা বাতৰি অনুসৰি চৰকাৰে বিভিন্ন আঁচনি ৰূপায়ণৰ বাবে পদক্ষেপ গ্ৰহণ কৰিছে। স্থানীয় ৰাইজে এই বিষয়ে সন্তুষ্টি প্ৰকাশ কৰাৰ লগতে আৰু অধিক উন্নয়নৰ দাবী জনাইছে। জিলা প্ৰশাসনৰ বিষয়াসকলে অঞ্চলটো পৰিদৰ্শন কৰি প্ৰয়োজনীয় ব্যৱস্থা গ্ৰহণৰ আশ্বাস দিয়ে। সভাত উপস্থিত থকা বিশিষ্ট ব্যক্তিসকলে সমাজৰ সৰ্বাংগীণ উন্নতিৰ বাবে সকলোকে একেলগে কাম কৰিবলৈ আহ্বান জনায়। ইয়াৰ উপৰি বিভিন্ন সংগঠনৰ প্ৰতিনিধিসকলেও নিজৰ মতামত ব্যক্ত কৰে। অসমৰ বিভিন্ন প্ৰান্তৰ পৰা সংগ্ৰহ কৰা বাতৰি অনুসৰি চৰকাৰে বিভিন্ন আঁচনি ৰূপায়ণৰ বাবে পদক্ষেপ গ্ৰহণ কৰিছে। স্থানীয় ৰাইজে এই বিষয়ে সন্তুষ্টি প্ৰকাশ কৰাৰ লগতে আৰু অধিক উন্নয়নৰ দাবী জনাইছে। জিলা প্ৰশাসনৰ বিষয়াসকলে অঞ্চলটো পৰিদৰ্শন কৰি প্ৰয়োজনীয় ব্যৱস্থা গ্ৰহণৰ আশ্বাস দিয়ে। সভাত উপস্থিত থকা বিশিষ্ট ব্যক্তিসকলে সমাজৰ সৰ্বাংগীণ উন্নতিৰ বাবে সকলোকে একেলগে কাম কৰিবলৈ আহ্বান জনায়। ইয়াৰ উপৰি বিভিন্ন সংগঠনৰ প্ৰতিনিধিসকলেও নিজৰ মতামত ব্যক্ত কৰে। অসমৰ বিভিন্ন প্ৰান্তৰ পৰা সংগ্ৰহ কৰা বাতৰি অনুসৰি চৰকাৰে বিভিন্ন আঁচনি ৰূপায়ণৰ বাবে পদক্ষেপ গ্ৰহণ কৰিছে। স্থানীয় ৰাইজে এই বিষয়ে সন্তুষ্টি প্ৰকাশ কৰাৰ লগতে আৰু অধিক উন্নয়নৰ দাবী জনাইছে। জিলা প্ৰশাসনৰ বিষয়াসকলে অঞ্চলটো পৰিদৰ্শন কৰি প্ৰয়োজনীয় ব্যৱস্থা গ্ৰহণৰ আশ্বাস দিয়ে। সভাত উপস্থিত থকা বিশিষ্ট ব্যক্তিসকলে সমাজৰ সৰ্বাংগীণ উন্নতিৰ বাবে সকলোকে একেলগে কাম কৰিবলৈ আহ্বান জনায়। ইয়াৰ উপৰি বিভিন্ন সংগঠনৰ প্ৰতিনিধিসকলেও নিজৰ মতামত ব্যক্ত কৰে।
পুৰণিগুদামত পথ...
অসমৰ বিভিন্ন প্ৰান্তৰ পৰা সংগ্ৰহ কৰা বাতৰি অনুসৰি চৰকাৰে বিভিন্ন আঁচনি ৰূপায়ণৰ বাবে পদক্ষেপ গ্ৰহণ কৰিছে। স্থানীয় ৰাইজে এই বিষয়ে সন্তুষ্টি প্ৰকাশ কৰাৰ লগতে আৰু অধিক উন্নয়নৰ দাবী জনাইছে। জিলা প্ৰশাসনৰ বিষয়াসকলে অঞ্চলটো পৰিদৰ্শন কৰি প্ৰয়োজনীয় ব্যৱস্থা গ্ৰহণৰ আশ্বাস দিয়ে। সভাত উপস্থিত থকা বিশিষ্ট ব্যক্তিসকলে সমাজৰ সৰ্বাংগীণ উন্নতিৰ বাবে সকলোকে একেলগে কাম কৰিবলৈ আহ্বান জনায়। ইয়াৰ উপৰি বিভিন্ন সংগঠনৰ প্ৰতিনিধিসকলেও নিজৰ মতামত ব্যক্ত কৰে। অসমৰ বিভিন্ন প্ৰান্তৰ পৰা সংগ্ৰহ কৰা বাতৰি অনুসৰি চৰকাৰে বিভিন্ন আঁচনি ৰূপায়ণৰ বাবে পদক্ষেপ গ্ৰহণ কৰিছে। স্থানীয় ৰাইজে এই বিষয়ে সন্তুষ্টি প্ৰকাশ কৰাৰ লগতে আৰু অধিক উন্নয়নৰ দাবী জনাইছে। জিলা প্ৰশাসনৰ বিষয়াসকলে অঞ্চলটো পৰিদৰ্শন কৰি প্ৰয়োজনীয় ব্যৱস্থা গ্ৰহণৰ আশ্বাস দিয়ে। সভাত উপস্থিত থকা বিশিষ্ট ব্যক্তিসকলে সমাজৰ সৰ্বাংগীণ উন্নতিৰ বাবে সকলোকে একেলগে কাম কৰিবলৈ আহ্বান জনায়। ইয়াৰ উপৰি বিভিন্ন সংগঠনৰ প্ৰতিনিধিসকলেও নিজৰ মতামত ব্যক্ত কৰে। অসমৰ বিভিন্ন প্ৰান্তৰ পৰা সংগ্ৰহ কৰা বাতৰি অনুসৰি চৰকাৰে বিভিন্ন আঁচনি ৰূপায়ণৰ বাবে পদক্ষেপ গ্ৰহণ কৰিছে। স্থানীয় ৰাইজে এই বিষয়ে সন্তুষ্টি প্ৰকাশ কৰাৰ লগতে আৰু অধিক উন্নয়নৰ দাবী জনাইছে। জিলা প্ৰশাসনৰ বিষয়াসকলে অঞ্চলটো পৰিদৰ্শন কৰি প্ৰয়োজনীয় ব্যৱস্থা গ্ৰহণৰ আশ্বাস দিয়ে। সভাত উপস্থিত থকা বিশিষ্ট ব্যক্তিসকলে সমাজৰ সৰ্বাংগীণ উন্নতিৰ বাবে সকলোকে একেলগে কাম কৰিবলৈ আহ্বান জনায়। ইয়াৰ উপৰি বিভিন্ন সংগঠনৰ প্ৰতিনিধিসকলেও নিজৰ মতামত ব্যক্ত কৰে। অসমৰ বিভিন্ন প্ৰান্তৰ পৰা সংগ্ৰহ কৰা বাতৰি অনুসৰি চৰকাৰে বিভিন্ন আঁচনি ৰূপায়ণৰ বাবে পদক্ষেপ গ্ৰহণ কৰিছে। স্থানীয় ৰাইজে এই বিষয়ে সন্তুষ্টি প্ৰকাশ কৰাৰ লগতে আৰু অধিক উন্নয়নৰ দাবী জনাইছে। জিলা প্ৰশাসনৰ বিষয়াসকলে অঞ্চলটো পৰিদৰ্শন কৰি প্ৰয়োজনীয় ব্যৱস্থা গ্ৰহণৰ আশ্বাস দিয়ে। সভাত উপস্থিত থকা বিশিষ্ট ব্যক্তিসকলে সমাজৰ সৰ্বাংগীণ উন্নতিৰ
বিশ্বনাৰায়ণ শাস্ত্ৰী...
অসমৰ বিভিন্ন প্ৰান্তৰ পৰা সংগ্ৰহ কৰা বাতৰি অনুসৰি চৰকাৰে বিভিন্ন আঁচনি ৰূপায়ণৰ বাবে পদক্ষেপ গ্ৰহণ কৰিছে। স্থানীয় ৰাইজে এই বিষয়ে সন্তুষ্টি প্ৰকাশ কৰাৰ লগতে আৰু অধিক উন্নয়নৰ দাবী জনাইছে। জিলা প্ৰশাসনৰ বিষয়াসকলে অঞ্চলটো পৰিদৰ্শন কৰি প্ৰয়োজনীয় ব্যৱস্থা গ্ৰহণৰ আশ্বাস দিয়ে। সভাত উপস্থিত থকা বিশিষ্ট ব্যক্তিসকলে সমাজৰ সৰ্বাংগীণ উন্নতিৰ বাবে সকলোকে একেলগে কাম কৰিবলৈ আহ্বান জনায়। ইয়াৰ উপৰি বিভিন্ন সংগঠনৰ প্ৰতিনিধিসকলেও নিজৰ মতামত ব্যক্ত কৰে। অসমৰ বিভিন্ন প্ৰান্তৰ পৰা সংগ্ৰহ কৰা বাতৰি অনুসৰি চৰকাৰে বিভিন্ন আঁচনি ৰূপায়ণৰ বাবে পদক্ষেপ গ্ৰহণ কৰিছে। স্থানীয় ৰাইজে এই বিষয়ে সন্তুষ্টি প্ৰকাশ কৰাৰ লগতে আৰু অধিক উন্নয়নৰ দাবী জনাইছে। জিলা প্ৰশাসনৰ বিষয়াসকলে অঞ্চলটো পৰিদৰ্শন কৰি প্ৰয়োজনীয় ব্যৱস্থা গ্ৰহণৰ আশ্বাস দিয়ে। সভাত উপস্থিত থকা বিশিষ্ট ব্যক্তিসকলে সমাজৰ সৰ্বাংগীণ উন্নতিৰ বাবে সকলোকে একেলগে কাম কৰিবলৈ আহ্বান জনায়। ইয়াৰ উপৰি বিভিন্ন সংগঠনৰ প্ৰতিনিধিসকলেও নিজৰ মতামত ব্যক্ত কৰে। অসমৰ বিভিন্ন প্ৰান্তৰ পৰা সংগ্ৰহ কৰা বাতৰি অনুসৰি চৰকাৰে বিভিন্ন আঁচনি ৰূপায়ণৰ বাবে পদক্ষেপ গ্ৰহণ কৰিছে। স্থানীয় ৰাইজে এই বিষয়ে সন্তুষ্টি প্ৰকাশ কৰাৰ লগতে আৰু অধিক উন্নয়নৰ দাবী জনাইছে। জিলা প্ৰশাসনৰ বিষয়াসকলে অঞ্চলটো পৰিদৰ্শন কৰি প্ৰয়োজনীয় ব্যৱস্থা গ্ৰহণৰ আশ্বাস দিয়ে। সভাত উপস্থিত থকা বিশিষ্ট ব্যক্তিসকলে সমাজৰ সৰ্বাংগীণ উন্নতিৰ বাবে সকলোকে একেলগে কাম কৰিবলৈ আহ্বান জনায়। ইয়াৰ উপৰি বিভিন্ন সংগঠনৰ প্ৰতিনিধিসকলেও নিজৰ মতামত ব্যক্ত কৰে। অসমৰ বিভিন্ন প্ৰান্তৰ পৰা সংগ্ৰহ কৰা বাতৰি অনুসৰি চৰকাৰে বিভিন্ন আঁচনি ৰূপায়ণৰ বাবে পদক্ষেপ গ্ৰহণ কৰিছে। স্থানীয় ৰাইজে এই বিষয়ে সন্তুষ্টি প্ৰকাশ কৰাৰ লগতে আৰু অধিক উন্নয়নৰ দাবী জনাইছে। জিলা প্ৰশাসনৰ বিষয়াসকলে অঞ্চলটো পৰিদৰ্শন কৰি প্ৰয়োজনীয় ব্যৱস্থা গ্ৰহণৰ আশ্বাস দিয়ে। সভাত উপস্থিত থকা বিশিষ্ট ব্যক্তিসকলে সমাজৰ সৰ্বাংগীণ উন্নতিৰ বাবে সকলোকে একেলগে কাম কৰিবলৈ আহ্বান জনায়। ইয়াৰ উপৰি বিভিন্ন সংগঠনৰ প্ৰতিনিধিসকলেও নিজৰ মতামত ব্যক্ত কৰে। অসমৰ বিভিন্ন প্ৰান্তৰ পৰা সংগ্ৰহ কৰা বাতৰি অনুসৰি চৰকাৰে বিভিন্ন আঁচনি ৰূপায়ণৰ বাবে পদক্ষেপ গ্ৰহণ কৰিছে। স্থানীয় ৰাইজে এই বিষয়ে সন্তুষ্টি প্ৰকাশ কৰাৰ লগতে আৰু অধিক উন্নয়নৰ দাবী জনাইছে। জিলা প্ৰশাসনৰ বিষয়াসকলে অঞ্চলটো পৰিদৰ্শন কৰি প্ৰয়োজনীয় ব্যৱস্থা গ্ৰহণৰ আশ্বাস দিয়ে। সভাত উপস্থিত থকা বিশিষ্ট ব্যক্তিসকলে সমাজৰ সৰ্বাংগীণ উন্নতিৰ বাবে সকলোকে একেলগে কাম কৰিবলৈ আহ্বান জনায়। ইয়াৰ উপৰি বিভিন্ন সংগঠনৰ প্ৰতিনিধিসকলেও নিজৰ মতামত ব্যক্ত কৰে। অসমৰ বিভিন্ন প্ৰান্তৰ পৰা সংগ্ৰহ কৰা বাতৰি অনুসৰি চৰকাৰে বিভিন্ন আঁচনি ৰূপায়ণৰ বাবে পদক্ষেপ গ্ৰহণ কৰিছে। স্থানীয় ৰাইজে এই বিষয়ে সন্তুষ্টি প্ৰকাশ কৰাৰ লগতে আৰু অধিক উন্নয়নৰ দাবী জনাইছে। জিলা প্ৰশাসনৰ বিষয়াসকলে অঞ্চলটো পৰিদৰ্শন কৰি
যোৰহাট চিকিৎসা...
অসমৰ বিভিন্ন প্ৰান্তৰ পৰা সংগ্ৰহ কৰা বাতৰি অনুসৰি চৰকাৰে বিভিন্ন আঁচনি ৰূপায়ণৰ বাবে পদক্ষেপ গ্ৰহণ কৰিছে। স্থানীয় ৰাইজে এই বিষয়ে সন্তুষ্টি প্ৰকাশ কৰাৰ লগতে আৰু অধিক উন্নয়নৰ দাবী জনাইছে। জিলা প্ৰশাসনৰ বিষয়াসকলে অঞ্চলটো পৰিদৰ্শন কৰি প্ৰয়োজনীয় ব্যৱস্থা গ্ৰহণৰ আশ্বাস দিয়ে। সভাত উপস্থিত থকা বিশিষ্ট ব্যক্তিসকলে সমাজৰ সৰ্বাংগীণ উন্নতিৰ বাবে সকলোকে একেলগে কাম কৰিবলৈ আহ্বান জনায়। ইয়াৰ উপৰি বিভিন্ন সংগঠনৰ প্ৰতিনিধিসকলেও নিজৰ মতামত ব্যক্ত কৰে। অসমৰ বিভিন্ন প্ৰান্তৰ পৰা সংগ্ৰহ কৰা বাতৰি অনুসৰি চৰকাৰে বিভিন্ন আঁচনি ৰূপায়ণৰ বাবে পদক্ষেপ গ্ৰহণ কৰিছে। স্থানীয় ৰাইজে এই বিষয়ে সন্তুষ্টি প্ৰকাশ কৰাৰ লগতে আৰু অধিক উন্নয়নৰ দাবী জনাইছে। জিলা প্ৰশাসনৰ বিষয়াসকলে অঞ্চলটো পৰিদৰ্শন কৰি প্ৰয়োজনীয় ব্যৱস্থা গ্ৰহণৰ আশ্বাস দিয়ে। সভাত উপস্থিত থকা বিশিষ্ট ব্যক্তিসকলে সমাজৰ সৰ্বাংগীণ উন্নতিৰ বাবে সকলোকে একেলগে কাম কৰিবলৈ আহ্বান জনায়। ইয়াৰ উপৰি বিভিন্ন সংগঠনৰ প্ৰতিনিধিসকলেও নিজৰ মতামত ব্যক্ত কৰে। অসমৰ বিভিন্ন প্ৰান্তৰ পৰা সংগ্ৰহ কৰা বাতৰি অনুসৰি চৰকাৰে বিভিন্ন আঁচনি ৰূপায়ণৰ বাবে পদক্ষেপ গ্ৰহণ কৰিছে। স্থানীয় ৰাইজে এই বিষয়ে সন্তুষ্টি প্ৰকাশ কৰাৰ লগতে আৰু অধিক উন্নয়নৰ দাবী জনাইছে। জিলা প্ৰশাসনৰ বিষয়াসকলে অঞ্চলটো পৰিদৰ্শন কৰি প্ৰয়োজনীয় ব্যৱস্থা গ্ৰহণৰ আশ্বাস দিয়ে। সভাত উপস্থিত থকা বিশিষ্ট ব্যক্তিসকলে সমাজৰ সৰ্বাংগীণ উন্নতিৰ বাবে সকলোকে একেলগে কাম কৰিবলৈ আহ্বান জনায়। ইয়াৰ উপৰি বিভিন্ন সংগঠনৰ প্ৰতিনিধিসকলেও নিজৰ মতামত ব্যক্ত কৰে। অসমৰ বিভিন্ন প্ৰান্তৰ পৰা সংগ্ৰহ কৰা বাতৰি অনুসৰি চৰকাৰে বিভিন্ন আঁচনি ৰূপায়ণৰ বাবে পদক্ষেপ গ্ৰহণ কৰিছে। স্থানীয় ৰাইজে এই বিষয়ে সন্তুষ্টি প্ৰকাশ কৰাৰ লগতে আৰু অধিক উন্নয়নৰ দাবী জনাইছে। জিলা প্ৰশাসনৰ বিষয়াসকলে অঞ্চলটো পৰিদৰ্শন কৰি প্ৰয়োজনীয় ব্যৱস্থা গ্ৰহণৰ আশ্বাস দিয়ে। সভাত উপস্থিত থকা বিশিষ্ট ব্যক্তিসকলে সমাজৰ সৰ্বাংগীণ উন্নতিৰ বাবে সকলোকে একেলগে কাম কৰিবলৈ আহ্বান জনায়। ইয়াৰ উপৰি বিভিন্ন সংগঠনৰ প্ৰতিনিধিসকলেও নিজৰ মতামত ব্যক্ত কৰে। অসমৰ বিভিন্ন প্ৰান্তৰ পৰা সংগ্ৰহ কৰা বাতৰি অনুসৰি চৰকাৰে বিভিন্ন আঁচনি ৰূপায়ণৰ বাবে পদক্ষেপ গ্ৰহণ কৰিছে। স্থানীয় ৰাইজে এই বিষয়ে সন্তুষ্টি প্ৰকাশ কৰাৰ লগতে আৰু অধিক উন্নয়নৰ দাবী জনাইছে। জিলা প্ৰশাসনৰ বিষয়াসকলে অঞ্চলটো পৰিদৰ্শন কৰি প্ৰয়োজনীয় ব্যৱস্থা গ্ৰহণৰ আশ্বাস দিয়ে। সভাত উপস্থিত থকা বিশিষ্ট ব্যক্তিসকলে সমাজৰ সৰ্বাংগীণ উন্নতিৰ বাবে সকলোকে একেলগে কাম কৰিবলৈ আহ্বান জনায়। ইয়াৰ উপৰি বিভিন্ন সংগঠনৰ প্ৰতিনিধিসকলেও নিজৰ মতামত ব্যক্ত কৰে। অসমৰ বিভিন্ন প্ৰান্তৰ পৰা সংগ্ৰহ কৰা বাতৰি অনুসৰি চৰকাৰে বিভিন্ন আঁচনি ৰূপায়ণৰ বাবে পদক্ষেপ গ্ৰহণ কৰিছে। স্থানীয় ৰাইজে এই বিষয়ে সন্তুষ্টি প্ৰকাশ কৰাৰ লগতে আৰু অধিক উন্নয়নৰ দাবী জনাইছে। জিলা প্ৰশাসনৰ বিষয়াসকলে অঞ্চলটো পৰিদৰ্শন কৰি প্ৰয়োজনীয় ব্যৱস্থা গ্ৰহণৰ আশ্বাস দিয়ে। সভাত উপস্থিত থকা বিশিষ্ট ব্যক্তিসকলে সমাজৰ সৰ্বাংগীণ উন্নতিৰ বাবে সকলোকে একেলগে কাম কৰিবলৈ আহ্বান জনায়। ইয়াৰ উপৰি বিভিন্ন সংগঠনৰ প্ৰতিনিধিসকলেও নিজৰ মতামত ব্যক্ত কৰে।
ক্ষুদ্ৰ এম এ চিৰ...
অসমৰ বিভিন্ন প্ৰান্তৰ পৰা সংগ্ৰহ কৰা বাতৰি অনুসৰি চৰকাৰে বিভিন্ন আঁচনি ৰূপায়ণৰ বাবে পদক্ষেপ গ্ৰহণ কৰিছে। স্থানীয় ৰাইজে এই বিষয়ে সন্তুষ্টি প্ৰকাশ কৰাৰ লগতে আৰু অধিক উন্নয়নৰ দাবী জনাইছে। জিলা প্ৰশাসনৰ বিষয়াসকলে অঞ্চলটো পৰিদৰ্শন কৰি প্ৰয়োজনীয় ব্যৱস্থা গ্ৰহণৰ আশ্বাস দিয়ে। সভাত উপস্থিত থকা বিশিষ্ট ব্যক্তিসকলে সমাজৰ সৰ্বাংগীণ উন্নতিৰ বাবে সকলোকে একেলগে কাম কৰিবলৈ আহ্বান জনায়। ইয়াৰ উপৰি বিভিন্ন সংগঠনৰ প্ৰতিনিধিসকলেও নিজৰ মতামত ব্যক্ত কৰে। অসমৰ বিভিন্ন প্ৰান্তৰ পৰা সংগ্ৰহ কৰা বাতৰি অনুসৰি চৰকাৰে বিভিন্ন আঁচনি ৰূপায়ণৰ বাবে পদক্ষেপ গ্ৰহণ কৰিছে। স্থানীয় ৰাইজে এই বিষয়ে সন্তুষ্টি প্ৰকাশ কৰাৰ লগতে আৰু অধিক উন্নয়নৰ দাবী জনাইছে। জিলা প্ৰশাসনৰ বিষয়াসকলে অঞ্চলটো পৰিদৰ্শন কৰি প্ৰয়োজনীয় ব্যৱস্থা গ্ৰহণৰ আশ্বাস দিয়ে। সভাত উপস্থিত থকা বিশিষ্ট ব্যক্তিসকলে সমাজৰ সৰ্বাংগীণ উন্নতিৰ বাবে সকলোকে একেলগে কাম কৰিবলৈ আহ্বান জনায়। ইয়াৰ উপৰি বিভিন্ন সংগঠনৰ প্ৰতিনিধিসকলেও নিজৰ মতামত ব্যক্ত কৰে। অসমৰ বিভিন্ন প্ৰান্তৰ পৰা সংগ্ৰহ কৰা বাতৰি অনুসৰি চৰকাৰে বিভিন্ন আঁচনি ৰূপায়ণৰ বাবে পদক্ষেপ গ্ৰহণ কৰিছে। স্থানীয় ৰাইজে এই বিষয়ে সন্তুষ্টি প্ৰকাশ কৰাৰ লগতে আৰু অধিক উন্নয়নৰ দাবী জনাইছে। জিলা প্ৰশাসনৰ বিষয়াসকলে অঞ্চলটো পৰিদৰ্শন কৰি প্ৰয়োজনীয় ব্যৱস্থা গ্ৰহণৰ আশ্বাস দিয়ে। সভাত উপস্থিত থকা বিশিষ্ট ব্যক্তিসকলে সমাজৰ সৰ্বাংগীণ উন্নতিৰ বাবে সকলোকে একেলগে কাম কৰিবলৈ আহ্বান জনায়। ইয়াৰ উপৰি বিভিন্ন সংগঠনৰ প্ৰতিনিধিসকলেও নিজৰ মতামত ব্যক্ত কৰে। অসমৰ বিভিন্ন প্ৰান্তৰ পৰা সংগ্ৰহ কৰা বাতৰি অনুসৰি চৰকাৰে বিভিন্ন আঁচনি ৰূপায়ণৰ বাবে পদক্ষেপ গ্ৰহণ কৰিছে। স্থানীয় ৰাইজে এই বিষয়ে সন্তুষ্টি প্ৰকাশ কৰাৰ লগতে আৰু অধিক উন্নয়নৰ দাবী জনাইছে। জিলা প্ৰশাসনৰ বিষয়াসকলে অঞ্চলটো পৰিদৰ্শন কৰি প্ৰয়োজনীয় ব্যৱস্থা গ্ৰহণৰ আশ্বাস দিয়ে। সভাত উপস্থিত থকা বিশিষ্ট ব্যক্তিসকলে সমাজৰ সৰ্বাংগীণ উন্নতিৰ বাবে সকলোকে একেলগে কাম কৰিবলৈ আহ্বান জনায়। ইয়াৰ উপৰি বিভিন্ন সংগঠনৰ প্ৰতিনিধিসকলেও নিজৰ মতামত ব্যক্ত কৰে। অসমৰ বিভিন্ন প্ৰান্তৰ পৰা সংগ্ৰহ কৰা বাতৰি অনুসৰি চৰকাৰে বিভিন্ন আঁচনি ৰূপায়ণৰ বাবে পদক্ষেপ গ্ৰহণ কৰিছে। স্থানীয় ৰাইজে এই বিষয়ে সন্তুষ্টি প্ৰকাশ কৰাৰ লগতে আৰু অধিক উন্নয়নৰ দাবী জনাইছে। জিলা প্ৰশাসনৰ বিষয়াসকলে অঞ্চলটো পৰিদৰ্শন কৰি প্ৰয়োজনীয় ব্যৱস্থা গ্ৰহণৰ আশ্বাস দিয়ে। সভাত উপস্থিত থকা বিশিষ্ট ব্যক্তিসকলে সমাজৰ সৰ্বাংগীণ উন্নতিৰ বাবে সকলোকে একেলগে কাম কৰিবলৈ আহ্বান জনায়। ইয়াৰ উপৰি বিভিন্ন সংগঠনৰ প্ৰতিনিধিসকলেও নিজৰ মতামত ব্যক্ত কৰে। অসমৰ বিভিন্ন প্ৰান্তৰ পৰা সংগ্ৰহ কৰা বাতৰি অনুসৰি চৰকাৰে বিভিন্ন আঁচনি ৰূপায়ণৰ বাবে পদক্ষেপ গ্ৰহণ কৰিছে। স্থানীয় ৰাইজে এই বিষয়ে সন্তুষ্টি প্ৰকাশ কৰাৰ লগতে আৰু অধিক উন্নয়নৰ দাবী জনাইছে। জিলা প্ৰশাসনৰ বিষয়াসকলে অঞ্চলটো পৰিদৰ্শন কৰি প্ৰয়োজনীয় ব্যৱস্থা গ্ৰহণৰ আশ্বাস দিয়ে। সভাত উপস্থিত থকা বিশিষ্ট ব্যক্তিসকলে সমাজৰ সৰ্বাংগীণ উন্নতিৰ বাবে সকলোকে একেলগে কাম কৰিবলৈ আহ্বান জনায়। ইয়াৰ উপৰি বিভিন্ন সংগঠনৰ প্ৰতিনিধিসকলেও নিজৰ মতামত ব্যক্ত কৰে।
জাগীৰোডত স্মাৰ্ট...
অসমৰ বিভিন্ন প্ৰান্তৰ পৰা সংগ্ৰহ কৰা বাতৰি অনুসৰি চৰকাৰে বিভিন্ন আঁচনি ৰূপায়ণৰ বাবে পদক্ষেপ গ্ৰহণ কৰিছে। স্থানীয় ৰাইজে এই বিষয়ে সন্তুষ্টি প্ৰকাশ কৰাৰ লগতে আৰু অধিক উন্নয়নৰ দাবী জনাইছে। জিলা প্ৰশাসনৰ বিষয়াসকলে অঞ্চলটো পৰিদৰ্শন কৰি প্ৰয়োজনীয় ব্যৱস্থা গ্ৰহণৰ আশ্বাস দিয়ে। সভাত উপস্থিত থকা বিশিষ্ট ব্যক্তিসকলে সমাজৰ সৰ্বাংগীণ উন্নতিৰ বাবে সকলোকে একেলগে কাম কৰিবলৈ আহ্বান জনায়। ইয়াৰ উপৰি বিভিন্ন সংগঠনৰ প্ৰতিনিধিসকলেও নিজৰ মতামত ব্যক্ত কৰে। অসমৰ বিভিন্ন প্ৰান্তৰ পৰা সংগ্ৰহ কৰা বাতৰি অনুসৰি চৰকাৰে বিভিন্ন আঁচনি ৰূপায়ণৰ বাবে পদক্ষেপ গ্ৰহণ কৰিছে। স্থানীয় ৰাইজে এই বিষয়ে সন্তুষ্টি প্ৰকাশ কৰাৰ লগতে আৰু অধিক উন্নয়নৰ দাবী জনাইছে। জিলা প্ৰশাসনৰ বিষয়াসকলে অঞ্চলটো পৰিদৰ্শন কৰি প্ৰয়োজনীয় ব্যৱস্থা গ্ৰহণৰ আশ্বাস দিয়ে। সভাত উপস্থিত থকা বিশিষ্ট ব্যক্তিসকলে সমাজৰ সৰ্বাংগীণ উন্নতিৰ বাবে সকলোকে একেলগে কাম কৰিবলৈ আহ্বান জনায়। ইয়াৰ উপৰি বিভিন্ন সংগঠনৰ প্ৰতিনিধিসকলেও নিজৰ মতামত ব্যক্ত কৰে। অসমৰ বিভিন্ন প্ৰান্তৰ পৰা সংগ্ৰহ কৰা বাতৰি অনুসৰি চৰকাৰে বিভিন্ন আঁচনি ৰূপায়ণৰ বাবে পদক্ষেপ গ্ৰহণ কৰিছে। স্থানীয় ৰাইজে এই বিষয়ে সন্তুষ্টি প্ৰকাশ কৰাৰ লগতে আৰু অধিক উন্নয়নৰ দাবী জনাইছে। জিলা প্ৰশাসনৰ বিষয়াসকলে অঞ্চলটো পৰিদৰ্শন কৰি প্ৰয়োজনীয় ব্যৱস্থা গ্ৰহণৰ আশ্বাস দিয়ে। সভাত উপস্থিত থকা বিশিষ্ট ব্যক্তিসকলে সমাজৰ সৰ্বাংগীণ উন্নতিৰ বাবে সকলোকে একেলগে কাম কৰিবলৈ আহ্বান জনায়। ইয়াৰ উপৰি বিভিন্ন সংগঠনৰ প্ৰতিনিধিসকলেও নিজৰ মতামত ব্যক্ত কৰে। অসমৰ বিভিন্ন প্ৰান্তৰ পৰা সংগ্ৰহ কৰা বাতৰি অনুসৰি চৰকাৰে বিভিন্ন আঁচনি ৰূপায়ণৰ বাবে পদক্ষেপ গ্ৰহণ কৰিছে। স্থানীয় ৰাইজে এই বিষয়ে সন্তুষ্টি প্ৰকাশ কৰাৰ লগতে আৰু অধিক উন্নয়নৰ দাবী জনাইছে। জিলা প্ৰশাসনৰ বিষয়াসকলে অঞ্চলটো পৰিদৰ্শন কৰি প্ৰয়োজনীয় ব্যৱস্থা গ্ৰহণৰ আশ্বাস দিয়ে। সভাত উপস্থিত থকা বিশিষ্ট ব্যক্তিসকলে সমাজৰ সৰ্বাংগীণ উন্নতিৰ বাবে সকলোকে একেলগে কাম কৰিবলৈ আহ্বান জনায়। ইয়াৰ উপৰি বিভিন্ন সংগঠনৰ প্ৰতিনিধিসকলেও নিজৰ মতামত ব্যক্ত কৰে। অসমৰ বিভিন্ন প্ৰান্তৰ পৰা সংগ্ৰহ কৰা বাতৰি অনুসৰি চৰকাৰে বিভিন্ন আঁচনি ৰূপায়ণৰ বাবে পদক্ষেপ গ্ৰহণ কৰিছে। স্থানীয় ৰাইজে এই বিষয়ে সন্তুষ্টি প্ৰকাশ কৰাৰ লগতে আৰু অধিক উন্নয়নৰ দাবী জনাইছে। জিলা প্ৰশাসনৰ বিষয়াসকলে অঞ্চলটো পৰিদৰ্শন কৰি প্ৰয়োজনীয় ব্যৱস্থা গ্ৰহণৰ আশ্বাস দিয়ে। সভাত উপস্থিত থকা বিশিষ্ট ব্যক্তিসকলে সমাজৰ সৰ্বাংগীণ উন্নতিৰ বাবে সকলোকে একেলগে কাম কৰিবলৈ আহ্বান জনায়। ইয়াৰ উপৰি বিভিন্ন সংগঠনৰ প্ৰতিনিধিসকলেও নিজৰ মতামত ব্যক্ত কৰে। অসমৰ বিভিন্ন প্ৰান্তৰ পৰা সংগ্ৰহ কৰা বাতৰি অনুসৰি চৰকাৰে বিভিন্ন আঁচনি ৰূপায়ণৰ বাবে পদক্ষেপ গ্ৰহণ কৰিছে। স্থানীয় ৰাইজে এই বিষয়ে সন্তুষ্টি প্ৰকাশ কৰাৰ লগতে আৰু অধিক উন্নয়নৰ দাবী জনাইছে। জিলা প্ৰশাসনৰ বিষয়াসকলে অঞ্চলটো পৰিদৰ্শন কৰি প্ৰয়োজনীয় ব্যৱস্থা গ্ৰহণৰ আশ্বাস দিয়ে। সভাত উপস্থিত থকা বিশিষ্ট ব্যক্তিসকলে সমাজৰ সৰ্বাংগীণ উন্নতিৰ বাবে সকলোকে একেলগে কাম কৰিবলৈ আহ্বান জনায়। ইয়াৰ উপৰি বিভিন্ন সংগঠনৰ প্ৰতিনিধিসকলেও নিজৰ মতামত ব্যক্ত কৰে।
নলবাৰীত বনৰীয়া...
অসমৰ বিভিন্ন প্ৰান্তৰ পৰা সংগ্ৰহ কৰা বাতৰি অনুসৰি চৰকাৰে বিভিন্ন আঁচনি ৰূপায়ণৰ বাবে পদক্ষেপ গ্ৰহণ কৰিছে। স্থানীয় ৰাইজে এই বিষয়ে সন্তুষ্টি প্ৰকাশ কৰাৰ লগতে আৰু অধিক উন্নয়নৰ দাবী জনাইছে। জিলা প্ৰশাসনৰ বিষয়াসকলে অঞ্চলটো পৰিদৰ্শন কৰি প্ৰয়োজনীয় ব্যৱস্থা গ্ৰহণৰ আশ্বাস দিয়ে। সভাত উপস্থিত থকা বিশিষ্ট ব্যক্তিসকলে সমাজৰ সৰ্বাংগীণ উন্নতিৰ বাবে সকলোকে একেলগে কাম কৰিবলৈ আহ্বান জনায়। ইয়াৰ উপৰি বিভিন্ন সংগঠনৰ প্ৰতিনিধিসকলেও নিজৰ মতামত ব্যক্ত কৰে। অসমৰ বিভিন্ন প্ৰান্তৰ পৰা সংগ্ৰহ কৰা বাতৰি অনুসৰি চৰকাৰে বিভিন্ন আঁচনি ৰূপায়ণৰ বাবে পদক্ষেপ গ্ৰহণ কৰিছে। স্থানীয় ৰাইজে এই বিষয়ে সন্তুষ্টি প্ৰকাশ কৰাৰ লগতে আৰু অধিক উন্নয়নৰ দাবী জনাইছে। জিলা প্ৰশাসনৰ বিষয়াসকলে অঞ্চলটো পৰিদৰ্শন কৰি প্ৰয়োজনীয় ব্যৱস্থা গ্ৰহণৰ আশ্বাস দিয়ে। সভাত উপস্থিত থকা বিশিষ্ট ব্যক্তিসকলে সমাজৰ সৰ্বাংগীণ উন্নতিৰ বাবে সকলোকে একেলগে
